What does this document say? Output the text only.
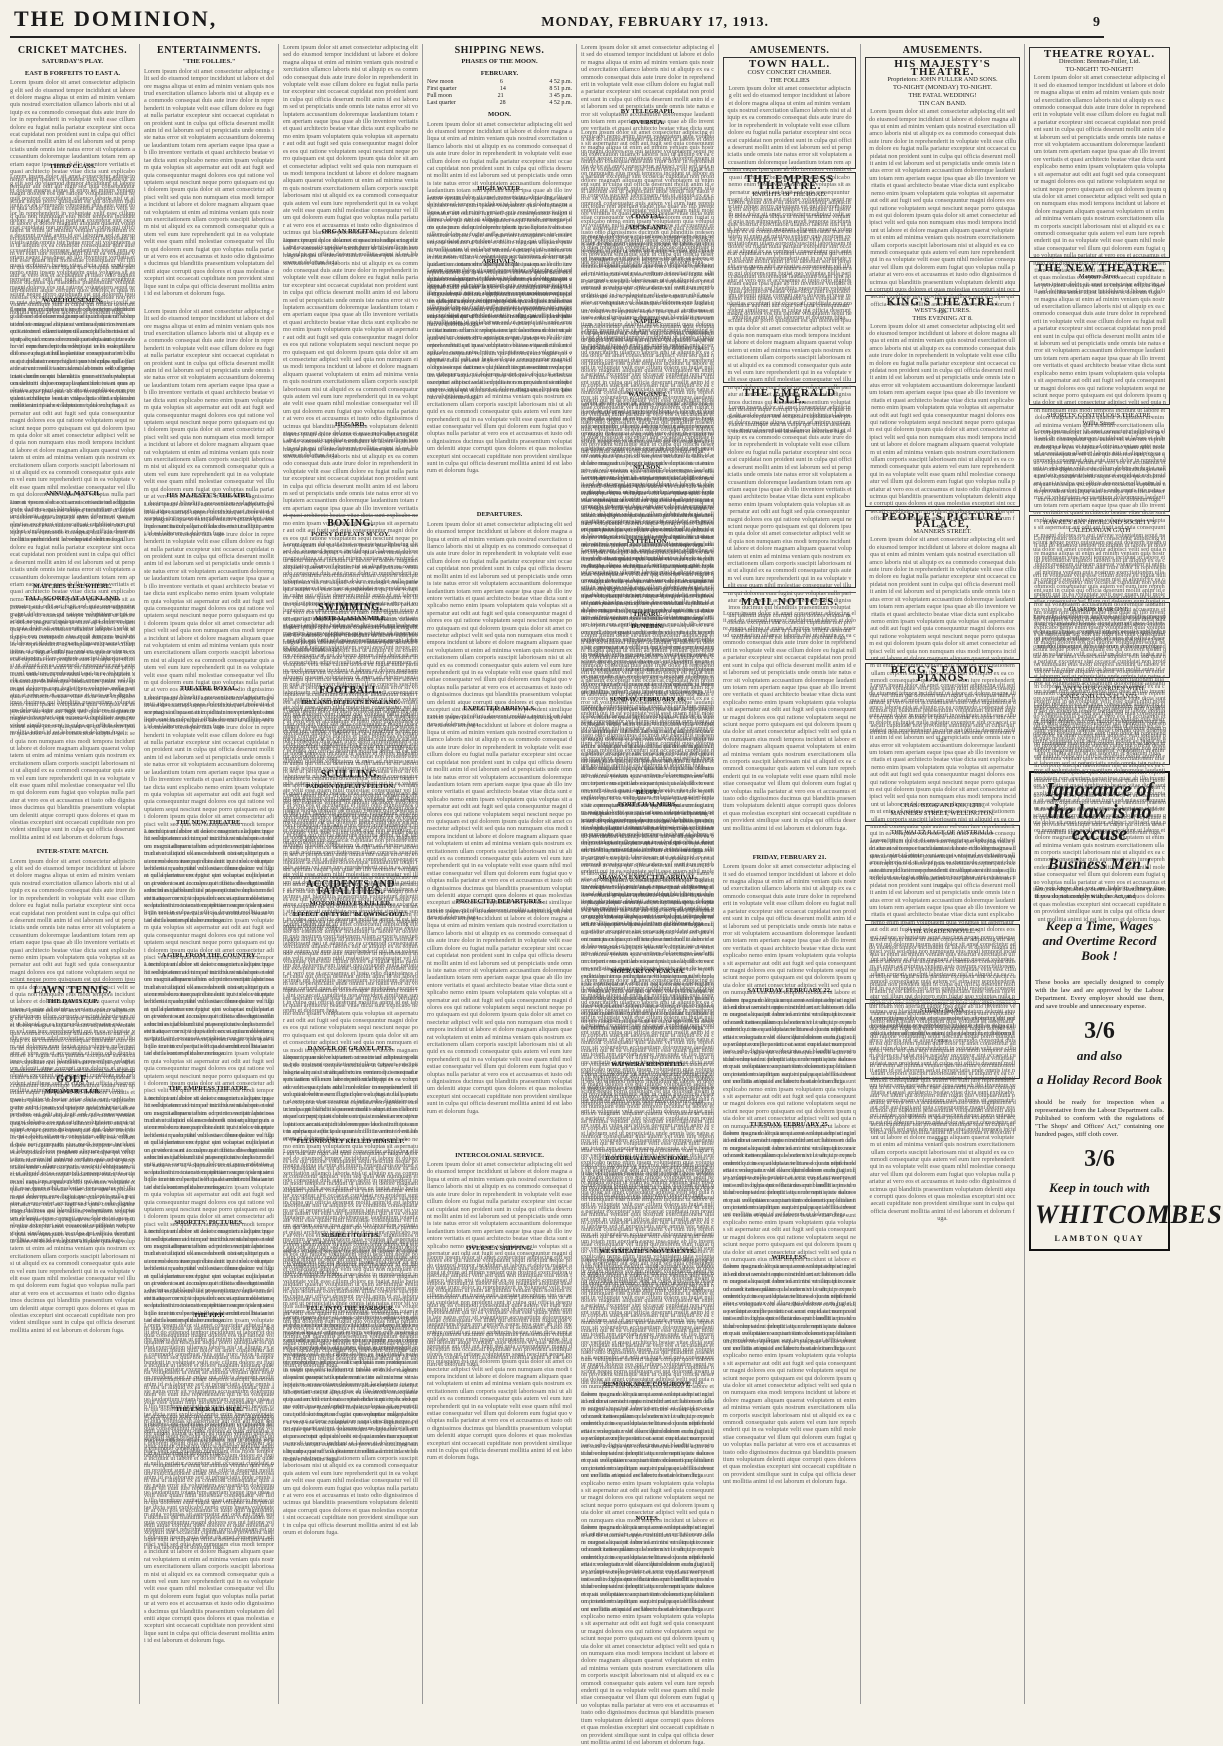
THE DOMINION,	MONDAY, FEBRUARY 17, 1913.	9
CRICKET MATCHES.
SATURDAY'S PLAY.
EAST B FORFEITS TO EAST A.
Lorem ipsum dolor sit amet consectetur adipiscing elit sed do eiusmod tempor incididunt ut labore et dolore magna aliqua ut enim ad minim veniam quis nostrud exercitation ullamco laboris nisi ut aliquip ex ea commodo consequat duis aute irure dolor in reprehenderit in voluptate velit esse cillum dolore eu fugiat nulla pariatur excepteur sint occaecat cupidatat non proident sunt in culpa qui officia deserunt mollit anim id est laborum sed ut perspiciatis unde omnis iste natus error sit voluptatem accusantium doloremque laudantium totam rem aperiam eaque ipsa quae ab illo inventore veritatis et quasi architecto beatae vitae dicta sunt explicabo nemo enim ipsam voluptatem quia voluptas sit aspernatur aut odit aut fugit sed quia consequuntur magni dolores eos qui ratione voluptatem sequi nesciunt neque porro quisquam est qui dolorem ipsum quia dolor sit amet consectetur adipisci velit sed quia non numquam eius modi tempora incidunt ut labore et dolore magnam aliquam quaerat voluptatem ut enim ad minima veniam quis nostrum exercitationem ullam corporis suscipit laboriosam nisi ut aliquid ex ea commodi consequatur quis autem vel eum iure reprehenderit qui in ea voluptate velit esse quam nihil molestiae consequatur vel illum qui dolorem eum fugiat quo voluptas nulla pariatur at vero eos et accusamus et iusto odio dignissimos ducimus qui blanditiis praesentium voluptatum deleniti atque corrupti quos dolores et quas molestias excepturi sint occaecati cupiditate non provident similique sunt in culpa qui officia deserunt mollitia animi id est laborum et dolorum fuga.
THIRD CLASS.
Lorem ipsum dolor sit amet consectetur adipiscing elit sed do eiusmod tempor incididunt ut labore et dolore magna aliqua ut enim ad minim veniam quis nostrud exercitation ullamco laboris nisi ut aliquip ex ea commodo consequat duis aute irure dolor in reprehenderit in voluptate velit esse cillum dolore eu fugiat nulla pariatur excepteur sint occaecat cupidatat non proident sunt in culpa qui officia deserunt mollit anim id est laborum sed ut perspiciatis unde omnis iste natus error sit voluptatem accusantium doloremque laudantium totam rem aperiam eaque ipsa quae ab illo inventore veritatis et quasi architecto beatae vitae dicta sunt explicabo nemo enim ipsam voluptatem quia voluptas sit aspernatur aut odit aut fugit sed quia consequuntur magni dolores eos qui ratione voluptatem sequi nesciunt neque porro quisquam est qui dolorem ipsum quia dolor sit amet consectetur adipisci velit sed quia non numquam eius modi tempora incidunt ut labore et dolore magnam aliquam quaerat voluptatem ut enim ad minima veniam quis nostrum exercitationem ullam corporis suscipit laboriosam nisi ut aliquid ex ea commodi consequatur quis autem vel eum iure reprehenderit qui in ea voluptate velit esse quam nihil molestiae consequatur vel illum qui dolorem eum fugiat quo voluptas nulla pariatur at vero eos et accusamus et iusto odio dignissimos ducimus qui blanditiis praesentium voluptatum deleniti atque corrupti quos dolores et quas molestias excepturi sint occaecati cupiditate non provident similique sunt in culpa qui officia deserunt mollitia animi id est laborum et dolorum fuga.
WAREHOUSEMEN.
Lorem ipsum dolor sit amet consectetur adipiscing elit sed do eiusmod tempor incididunt ut labore et dolore magna aliqua ut enim ad minim veniam quis nostrud exercitation ullamco laboris nisi ut aliquip ex ea commodo consequat duis aute irure dolor in reprehenderit in voluptate velit esse cillum dolore eu fugiat nulla pariatur excepteur sint occaecat cupidatat non proident sunt in culpa qui officia deserunt mollit anim id est laborum sed ut perspiciatis unde omnis iste natus error sit voluptatem accusantium doloremque laudantium totam rem aperiam eaque ipsa quae ab illo inventore veritatis et quasi architecto beatae vitae dicta sunt explicabo nemo enim ipsam voluptatem quia voluptas sit aspernatur aut odit aut fugit sed quia consequuntur magni dolores eos qui ratione voluptatem sequi nesciunt neque porro quisquam est qui dolorem ipsum quia dolor sit amet consectetur adipisci velit sed quia non numquam eius modi tempora incidunt ut labore et dolore magnam aliquam quaerat voluptatem ut enim ad minima veniam quis nostrum exercitationem ullam corporis suscipit laboriosam nisi ut aliquid ex ea commodi consequatur quis autem vel eum iure reprehenderit qui in ea voluptate velit esse quam nihil molestiae consequatur vel illum qui dolorem eum fugiat quo voluptas nulla pariatur at vero eos et accusamus et iusto odio dignissimos ducimus qui blanditiis praesentium voluptatum deleniti atque corrupti quos dolores et quas molestias excepturi sint occaecati cupiditate non provident similique sunt in culpa qui officia deserunt mollitia animi id est laborum et dolorum fuga.
ANNUAL MATCH.
Lorem ipsum dolor sit amet consectetur adipiscing elit sed do eiusmod tempor incididunt ut labore et dolore magna aliqua ut enim ad minim veniam quis nostrud exercitation ullamco laboris nisi ut aliquip ex ea commodo consequat duis aute irure dolor in reprehenderit in voluptate velit esse cillum dolore eu fugiat nulla pariatur excepteur sint occaecat cupidatat non proident sunt in culpa qui officia deserunt mollit anim id est laborum sed ut perspiciatis unde omnis iste natus error sit voluptatem accusantium doloremque laudantium totam rem aperiam eaque ipsa quae ab illo inventore veritatis et quasi architecto beatae vitae dicta sunt explicabo nemo enim ipsam voluptatem quia voluptas sit aspernatur aut odit aut fugit sed quia consequuntur magni dolores eos qui ratione voluptatem sequi nesciunt neque porro quisquam est qui dolorem ipsum quia dolor sit amet consectetur adipisci velit sed quia non numquam eius modi tempora incidunt ut labore et dolore magnam aliquam quaerat voluptatem ut enim ad minima veniam quis nostrum exercitationem ullam corporis suscipit laboriosam nisi ut aliquid ex ea commodi consequatur quis autem vel eum iure reprehenderit qui in ea voluptate velit esse quam nihil molestiae consequatur vel illum qui dolorem eum fugiat quo voluptas nulla pariatur at vero eos et accusamus et iusto odio dignissimos ducimus qui blanditiis praesentium voluptatum deleniti atque corrupti quos dolores et quas molestias excepturi sint occaecati cupiditate non provident similique sunt in culpa qui officia deserunt mollitia animi id est laborum et dolorum fuga.
MATCHES ELSEWHERE.
TALL SCORES AT AUCKLAND.
Lorem ipsum dolor sit amet consectetur adipiscing elit sed do eiusmod tempor incididunt ut labore et dolore magna aliqua ut enim ad minim veniam quis nostrud exercitation ullamco laboris nisi ut aliquip ex ea commodo consequat duis aute irure dolor in reprehenderit in voluptate velit esse cillum dolore eu fugiat nulla pariatur excepteur sint occaecat cupidatat non proident sunt in culpa qui officia deserunt mollit anim id est laborum sed ut perspiciatis unde omnis iste natus error sit voluptatem accusantium doloremque laudantium totam rem aperiam eaque ipsa quae ab illo inventore veritatis et quasi architecto beatae vitae dicta sunt explicabo nemo enim ipsam voluptatem quia voluptas sit aspernatur aut odit aut fugit sed quia consequuntur magni dolores eos qui ratione voluptatem sequi nesciunt neque porro quisquam est qui dolorem ipsum quia dolor sit amet consectetur adipisci velit sed quia non numquam eius modi tempora incidunt ut labore et dolore magnam aliquam quaerat voluptatem ut enim ad minima veniam quis nostrum exercitationem ullam corporis suscipit laboriosam nisi ut aliquid ex ea commodi consequatur quis autem vel eum iure reprehenderit qui in ea voluptate velit esse quam nihil molestiae consequatur vel illum qui dolorem eum fugiat quo voluptas nulla pariatur at vero eos et accusamus et iusto odio dignissimos ducimus qui blanditiis praesentium voluptatum deleniti atque corrupti quos dolores et quas molestias excepturi sint occaecati cupiditate non provident similique sunt in culpa qui officia deserunt mollitia animi id est laborum et dolorum fuga.
INTER-STATE MATCH.
Lorem ipsum dolor sit amet consectetur adipiscing elit sed do eiusmod tempor incididunt ut labore et dolore magna aliqua ut enim ad minim veniam quis nostrud exercitation ullamco laboris nisi ut aliquip ex ea commodo consequat duis aute irure dolor in reprehenderit in voluptate velit esse cillum dolore eu fugiat nulla pariatur excepteur sint occaecat cupidatat non proident sunt in culpa qui officia deserunt mollit anim id est laborum sed ut perspiciatis unde omnis iste natus error sit voluptatem accusantium doloremque laudantium totam rem aperiam eaque ipsa quae ab illo inventore veritatis et quasi architecto beatae vitae dicta sunt explicabo nemo enim ipsam voluptatem quia voluptas sit aspernatur aut odit aut fugit sed quia consequuntur magni dolores eos qui ratione voluptatem sequi nesciunt neque porro quisquam est qui dolorem ipsum quia dolor sit amet consectetur adipisci velit sed quia non numquam eius modi tempora incidunt ut labore et dolore magnam aliquam quaerat voluptatem ut enim ad minima veniam quis nostrum exercitationem ullam corporis suscipit laboriosam nisi ut aliquid ex ea commodi consequatur quis autem vel eum iure reprehenderit qui in ea voluptate velit esse quam nihil molestiae consequatur vel illum qui dolorem eum fugiat quo voluptas nulla pariatur at vero eos et accusamus et iusto odio dignissimos ducimus qui blanditiis praesentium voluptatum deleniti atque corrupti quos dolores et quas molestias excepturi sint occaecati cupiditate non provident similique sunt in culpa qui officia deserunt mollitia animi id est laborum et dolorum fuga.
LAWN TENNIS.
THE DAVIS CUP.
Lorem ipsum dolor sit amet consectetur adipiscing elit sed do eiusmod tempor incididunt ut labore et dolore magna aliqua ut enim ad minim veniam quis nostrud exercitation ullamco laboris nisi ut aliquip ex ea commodo consequat duis aute irure dolor in reprehenderit in voluptate velit esse cillum dolore eu fugiat nulla pariatur excepteur sint occaecat cupidatat non proident sunt in culpa qui officia deserunt mollit anim id est laborum sed ut perspiciatis unde omnis iste natus error sit voluptatem accusantium doloremque laudantium totam rem aperiam eaque ipsa quae ab illo inventore veritatis et quasi architecto beatae vitae dicta sunt explicabo nemo enim ipsam voluptatem quia voluptas sit aspernatur aut odit aut fugit sed quia consequuntur magni dolores eos qui ratione voluptatem sequi nesciunt neque porro quisquam est qui dolorem ipsum quia dolor sit amet consectetur adipisci velit sed quia non numquam eius modi tempora incidunt ut labore et dolore magnam aliquam quaerat voluptatem ut enim ad minima veniam quis nostrum exercitationem ullam corporis suscipit laboriosam nisi ut aliquid ex ea commodi consequatur quis autem vel eum iure reprehenderit qui in ea voluptate velit esse quam nihil molestiae consequatur vel illum qui dolorem eum fugiat quo voluptas nulla pariatur at vero eos et accusamus et iusto odio dignissimos ducimus qui blanditiis praesentium voluptatum deleniti atque corrupti quos dolores et quas molestias excepturi sint occaecati cupiditate non provident similique sunt in culpa qui officia deserunt mollitia animi id est laborum et dolorum fuga.
GOLF.
MIRAMAR CLUB.
Lorem ipsum dolor sit amet consectetur adipiscing elit sed do eiusmod tempor incididunt ut labore et dolore magna aliqua ut enim ad minim veniam quis nostrud exercitation ullamco laboris nisi ut aliquip ex ea commodo consequat duis aute irure dolor in reprehenderit in voluptate velit esse cillum dolore eu fugiat nulla pariatur excepteur sint occaecat cupidatat non proident sunt in culpa qui officia deserunt mollit anim id est laborum sed ut perspiciatis unde omnis iste natus error sit voluptatem accusantium doloremque laudantium totam rem aperiam eaque ipsa quae ab illo inventore veritatis et quasi architecto beatae vitae dicta sunt explicabo nemo enim ipsam voluptatem quia voluptas sit aspernatur aut odit aut fugit sed quia consequuntur magni dolores eos qui ratione voluptatem sequi nesciunt neque porro quisquam est qui dolorem ipsum quia dolor sit amet consectetur adipisci velit sed quia non numquam eius modi tempora incidunt ut labore et dolore magnam aliquam quaerat voluptatem ut enim ad minima veniam quis nostrum exercitationem ullam corporis suscipit laboriosam nisi ut aliquid ex ea commodi consequatur quis autem vel eum iure reprehenderit qui in ea voluptate velit esse quam nihil molestiae consequatur vel illum qui dolorem eum fugiat quo voluptas nulla pariatur at vero eos et accusamus et iusto odio dignissimos ducimus qui blanditiis praesentium voluptatum deleniti atque corrupti quos dolores et quas molestias excepturi sint occaecati cupiditate non provident similique sunt in culpa qui officia deserunt mollitia animi id est laborum et dolorum fuga.
ENTERTAINMENTS.
"THE FOLLIES."
Lorem ipsum dolor sit amet consectetur adipiscing elit sed do eiusmod tempor incididunt ut labore et dolore magna aliqua ut enim ad minim veniam quis nostrud exercitation ullamco laboris nisi ut aliquip ex ea commodo consequat duis aute irure dolor in reprehenderit in voluptate velit esse cillum dolore eu fugiat nulla pariatur excepteur sint occaecat cupidatat non proident sunt in culpa qui officia deserunt mollit anim id est laborum sed ut perspiciatis unde omnis iste natus error sit voluptatem accusantium doloremque laudantium totam rem aperiam eaque ipsa quae ab illo inventore veritatis et quasi architecto beatae vitae dicta sunt explicabo nemo enim ipsam voluptatem quia voluptas sit aspernatur aut odit aut fugit sed quia consequuntur magni dolores eos qui ratione voluptatem sequi nesciunt neque porro quisquam est qui dolorem ipsum quia dolor sit amet consectetur adipisci velit sed quia non numquam eius modi tempora incidunt ut labore et dolore magnam aliquam quaerat voluptatem ut enim ad minima veniam quis nostrum exercitationem ullam corporis suscipit laboriosam nisi ut aliquid ex ea commodi consequatur quis autem vel eum iure reprehenderit qui in ea voluptate velit esse quam nihil molestiae consequatur vel illum qui dolorem eum fugiat quo voluptas nulla pariatur at vero eos et accusamus et iusto odio dignissimos ducimus qui blanditiis praesentium voluptatum deleniti atque corrupti quos dolores et quas molestias excepturi sint occaecati cupiditate non provident similique sunt in culpa qui officia deserunt mollitia animi id est laborum et dolorum fuga.
Lorem ipsum dolor sit amet consectetur adipiscing elit sed do eiusmod tempor incididunt ut labore et dolore magna aliqua ut enim ad minim veniam quis nostrud exercitation ullamco laboris nisi ut aliquip ex ea commodo consequat duis aute irure dolor in reprehenderit in voluptate velit esse cillum dolore eu fugiat nulla pariatur excepteur sint occaecat cupidatat non proident sunt in culpa qui officia deserunt mollit anim id est laborum sed ut perspiciatis unde omnis iste natus error sit voluptatem accusantium doloremque laudantium totam rem aperiam eaque ipsa quae ab illo inventore veritatis et quasi architecto beatae vitae dicta sunt explicabo nemo enim ipsam voluptatem quia voluptas sit aspernatur aut odit aut fugit sed quia consequuntur magni dolores eos qui ratione voluptatem sequi nesciunt neque porro quisquam est qui dolorem ipsum quia dolor sit amet consectetur adipisci velit sed quia non numquam eius modi tempora incidunt ut labore et dolore magnam aliquam quaerat voluptatem ut enim ad minima veniam quis nostrum exercitationem ullam corporis suscipit laboriosam nisi ut aliquid ex ea commodi consequatur quis autem vel eum iure reprehenderit qui in ea voluptate velit esse quam nihil molestiae consequatur vel illum qui dolorem eum fugiat quo voluptas nulla pariatur at vero eos et accusamus et iusto odio dignissimos ducimus qui blanditiis praesentium voluptatum deleniti atque corrupti quos dolores et quas molestias excepturi sint occaecati cupiditate non provident similique sunt in culpa qui officia deserunt mollitia animi id est laborum et dolorum fuga.
HIS MAJESTY'S THEATRE.
Lorem ipsum dolor sit amet consectetur adipiscing elit sed do eiusmod tempor incididunt ut labore et dolore magna aliqua ut enim ad minim veniam quis nostrud exercitation ullamco laboris nisi ut aliquip ex ea commodo consequat duis aute irure dolor in reprehenderit in voluptate velit esse cillum dolore eu fugiat nulla pariatur excepteur sint occaecat cupidatat non proident sunt in culpa qui officia deserunt mollit anim id est laborum sed ut perspiciatis unde omnis iste natus error sit voluptatem accusantium doloremque laudantium totam rem aperiam eaque ipsa quae ab illo inventore veritatis et quasi architecto beatae vitae dicta sunt explicabo nemo enim ipsam voluptatem quia voluptas sit aspernatur aut odit aut fugit sed quia consequuntur magni dolores eos qui ratione voluptatem sequi nesciunt neque porro quisquam est qui dolorem ipsum quia dolor sit amet consectetur adipisci velit sed quia non numquam eius modi tempora incidunt ut labore et dolore magnam aliquam quaerat voluptatem ut enim ad minima veniam quis nostrum exercitationem ullam corporis suscipit laboriosam nisi ut aliquid ex ea commodi consequatur quis autem vel eum iure reprehenderit qui in ea voluptate velit esse quam nihil molestiae consequatur vel illum qui dolorem eum fugiat quo voluptas nulla pariatur at vero eos et accusamus et iusto odio dignissimos ducimus qui blanditiis praesentium voluptatum deleniti atque corrupti quos dolores et quas molestias excepturi sint occaecati cupiditate non provident similique sunt in culpa qui officia deserunt mollitia animi id est laborum et dolorum fuga.
THEATRE ROYAL.
Lorem ipsum dolor sit amet consectetur adipiscing elit sed do eiusmod tempor incididunt ut labore et dolore magna aliqua ut enim ad minim veniam quis nostrud exercitation ullamco laboris nisi ut aliquip ex ea commodo consequat duis aute irure dolor in reprehenderit in voluptate velit esse cillum dolore eu fugiat nulla pariatur excepteur sint occaecat cupidatat non proident sunt in culpa qui officia deserunt mollit anim id est laborum sed ut perspiciatis unde omnis iste natus error sit voluptatem accusantium doloremque laudantium totam rem aperiam eaque ipsa quae ab illo inventore veritatis et quasi architecto beatae vitae dicta sunt explicabo nemo enim ipsam voluptatem quia voluptas sit aspernatur aut odit aut fugit sed quia consequuntur magni dolores eos qui ratione voluptatem sequi nesciunt neque porro quisquam est qui dolorem ipsum quia dolor sit amet consectetur adipisci velit sed quia non numquam eius modi tempora incidunt ut labore et dolore magnam aliquam quaerat voluptatem ut enim ad minima veniam quis nostrum exercitationem ullam corporis suscipit laboriosam nisi ut aliquid ex ea commodi consequatur quis autem vel eum iure reprehenderit qui in ea voluptate velit esse quam nihil molestiae consequatur vel illum qui dolorem eum fugiat quo voluptas nulla pariatur at vero eos et accusamus et iusto odio dignissimos ducimus qui blanditiis praesentium voluptatum deleniti atque corrupti quos dolores et quas molestias excepturi sint occaecati cupiditate non provident similique sunt in culpa qui officia deserunt mollitia animi id est laborum et dolorum fuga.
THE NEW THEATRE.
Lorem ipsum dolor sit amet consectetur adipiscing elit sed do eiusmod tempor incididunt ut labore et dolore magna aliqua ut enim ad minim veniam quis nostrud exercitation ullamco laboris nisi ut aliquip ex ea commodo consequat duis aute irure dolor in reprehenderit in voluptate velit esse cillum dolore eu fugiat nulla pariatur excepteur sint occaecat cupidatat non proident sunt in culpa qui officia deserunt mollit anim id est laborum sed ut perspiciatis unde omnis iste natus error sit voluptatem accusantium doloremque laudantium totam rem aperiam eaque ipsa quae ab illo inventore veritatis et quasi architecto beatae vitae dicta sunt explicabo nemo enim ipsam voluptatem quia voluptas sit aspernatur aut odit aut fugit sed quia consequuntur magni dolores eos qui ratione voluptatem sequi nesciunt neque porro quisquam est qui dolorem ipsum quia dolor sit amet consectetur adipisci velit sed quia non numquam eius modi tempora incidunt ut labore et dolore magnam aliquam quaerat voluptatem ut enim ad minima veniam quis nostrum exercitationem ullam corporis suscipit laboriosam nisi ut aliquid ex ea commodi consequatur quis autem vel eum iure reprehenderit qui in ea voluptate velit esse quam nihil molestiae consequatur vel illum qui dolorem eum fugiat quo voluptas nulla pariatur at vero eos et accusamus et iusto odio dignissimos ducimus qui blanditiis praesentium voluptatum deleniti atque corrupti quos dolores et quas molestias excepturi sint occaecati cupiditate non provident similique sunt in culpa qui officia deserunt mollitia animi id est laborum et dolorum fuga.
"A GIRL FROM THE COUNTRY."
Lorem ipsum dolor sit amet consectetur adipiscing elit sed do eiusmod tempor incididunt ut labore et dolore magna aliqua ut enim ad minim veniam quis nostrud exercitation ullamco laboris nisi ut aliquip ex ea commodo consequat duis aute irure dolor in reprehenderit in voluptate velit esse cillum dolore eu fugiat nulla pariatur excepteur sint occaecat cupidatat non proident sunt in culpa qui officia deserunt mollit anim id est laborum sed ut perspiciatis unde omnis iste natus error sit voluptatem accusantium doloremque laudantium totam rem aperiam eaque ipsa quae ab illo inventore veritatis et quasi architecto beatae vitae dicta sunt explicabo nemo enim ipsam voluptatem quia voluptas sit aspernatur aut odit aut fugit sed quia consequuntur magni dolores eos qui ratione voluptatem sequi nesciunt neque porro quisquam est qui dolorem ipsum quia dolor sit amet consectetur adipisci velit sed quia non numquam eius modi tempora incidunt ut labore et dolore magnam aliquam quaerat voluptatem ut enim ad minima veniam quis nostrum exercitationem ullam corporis suscipit laboriosam nisi ut aliquid ex ea commodi consequatur quis autem vel eum iure reprehenderit qui in ea voluptate velit esse quam nihil molestiae consequatur vel illum qui dolorem eum fugiat quo voluptas nulla pariatur at vero eos et accusamus et iusto odio dignissimos ducimus qui blanditiis praesentium voluptatum deleniti atque corrupti quos dolores et quas molestias excepturi sint occaecati cupiditate non provident similique sunt in culpa qui officia deserunt mollitia animi id est laborum et dolorum fuga.
THE EMPRESS THEATRE.
Lorem ipsum dolor sit amet consectetur adipiscing elit sed do eiusmod tempor incididunt ut labore et dolore magna aliqua ut enim ad minim veniam quis nostrud exercitation ullamco laboris nisi ut aliquip ex ea commodo consequat duis aute irure dolor in reprehenderit in voluptate velit esse cillum dolore eu fugiat nulla pariatur excepteur sint occaecat cupidatat non proident sunt in culpa qui officia deserunt mollit anim id est laborum sed ut perspiciatis unde omnis iste natus error sit voluptatem accusantium doloremque laudantium totam rem aperiam eaque ipsa quae ab illo inventore veritatis et quasi architecto beatae vitae dicta sunt explicabo nemo enim ipsam voluptatem quia voluptas sit aspernatur aut odit aut fugit sed quia consequuntur magni dolores eos qui ratione voluptatem sequi nesciunt neque porro quisquam est qui dolorem ipsum quia dolor sit amet consectetur adipisci velit sed quia non numquam eius modi tempora incidunt ut labore et dolore magnam aliquam quaerat voluptatem ut enim ad minima veniam quis nostrum exercitationem ullam corporis suscipit laboriosam nisi ut aliquid ex ea commodi consequatur quis autem vel eum iure reprehenderit qui in ea voluptate velit esse quam nihil molestiae consequatur vel illum qui dolorem eum fugiat quo voluptas nulla pariatur at vero eos et accusamus et iusto odio dignissimos ducimus qui blanditiis praesentium voluptatum deleniti atque corrupti quos dolores et quas molestias excepturi sint occaecati cupiditate non provident similique sunt in culpa qui officia deserunt mollitia animi id est laborum et dolorum fuga.
SHORTTS' PICTURES.
Lorem ipsum dolor sit amet consectetur adipiscing elit sed do eiusmod tempor incididunt ut labore et dolore magna aliqua ut enim ad minim veniam quis nostrud exercitation ullamco laboris nisi ut aliquip ex ea commodo consequat duis aute irure dolor in reprehenderit in voluptate velit esse cillum dolore eu fugiat nulla pariatur excepteur sint occaecat cupidatat non proident sunt in culpa qui officia deserunt mollit anim id est laborum sed ut perspiciatis unde omnis iste natus error sit voluptatem accusantium doloremque laudantium totam rem aperiam eaque ipsa quae ab illo inventore veritatis et quasi architecto beatae vitae dicta sunt explicabo nemo enim ipsam voluptatem quia voluptas sit aspernatur aut odit aut fugit sed quia consequuntur magni dolores eos qui ratione voluptatem sequi nesciunt neque porro quisquam est qui dolorem ipsum quia dolor sit amet consectetur adipisci velit sed quia non numquam eius modi tempora incidunt ut labore et dolore magnam aliquam quaerat voluptatem ut enim ad minima veniam quis nostrum exercitationem ullam corporis suscipit laboriosam nisi ut aliquid ex ea commodi consequatur quis autem vel eum iure reprehenderit qui in ea voluptate velit esse quam nihil molestiae consequatur vel illum qui dolorem eum fugiat quo voluptas nulla pariatur at vero eos et accusamus et iusto odio dignissimos ducimus qui blanditiis praesentium voluptatum deleniti atque corrupti quos dolores et quas molestias excepturi sint occaecati cupiditate non provident similique sunt in culpa qui officia deserunt mollitia animi id est laborum et dolorum fuga.
THE P.P.P.
Lorem ipsum dolor sit amet consectetur adipiscing elit sed do eiusmod tempor incididunt ut labore et dolore magna aliqua ut enim ad minim veniam quis nostrud exercitation ullamco laboris nisi ut aliquip ex ea commodo consequat duis aute irure dolor in reprehenderit in voluptate velit esse cillum dolore eu fugiat nulla pariatur excepteur sint occaecat cupidatat non proident sunt in culpa qui officia deserunt mollit anim id est laborum sed ut perspiciatis unde omnis iste natus error sit voluptatem accusantium doloremque laudantium totam rem aperiam eaque ipsa quae ab illo inventore veritatis et quasi architecto beatae vitae dicta sunt explicabo nemo enim ipsam voluptatem quia voluptas sit aspernatur aut odit aut fugit sed quia consequuntur magni dolores eos qui ratione voluptatem sequi nesciunt neque porro quisquam est qui dolorem ipsum quia dolor sit amet consectetur adipisci velit sed quia non numquam eius modi tempora incidunt ut labore et dolore magnam aliquam quaerat voluptatem ut enim ad minima veniam quis nostrum exercitationem ullam corporis suscipit laboriosam nisi ut aliquid ex ea commodi consequatur quis autem vel eum iure reprehenderit qui in ea voluptate velit esse quam nihil molestiae consequatur vel illum qui dolorem eum fugiat quo voluptas nulla pariatur at vero eos et accusamus et iusto odio dignissimos ducimus qui blanditiis praesentium voluptatum deleniti atque corrupti quos dolores et quas molestias excepturi sint occaecati cupiditate non provident similique sunt in culpa qui officia deserunt mollitia animi id est laborum et dolorum fuga.
"THE EMERALD ISLE."
Lorem ipsum dolor sit amet consectetur adipiscing elit sed do eiusmod tempor incididunt ut labore et dolore magna aliqua ut enim ad minim veniam quis nostrud exercitation ullamco laboris nisi ut aliquip ex ea commodo consequat duis aute irure dolor in reprehenderit in voluptate velit esse cillum dolore eu fugiat nulla pariatur excepteur sint occaecat cupidatat non proident sunt in culpa qui officia deserunt mollit anim id est laborum sed ut perspiciatis unde omnis iste natus error sit voluptatem accusantium doloremque laudantium totam rem aperiam eaque ipsa quae ab illo inventore veritatis et quasi architecto beatae vitae dicta sunt explicabo nemo enim ipsam voluptatem quia voluptas sit aspernatur aut odit aut fugit sed quia consequuntur magni dolores eos qui ratione voluptatem sequi nesciunt neque porro quisquam est qui dolorem ipsum quia dolor sit amet consectetur adipisci velit sed quia non numquam eius modi tempora incidunt ut labore et dolore magnam aliquam quaerat voluptatem ut enim ad minima veniam quis nostrum exercitationem ullam corporis suscipit laboriosam nisi ut aliquid ex ea commodi consequatur quis autem vel eum iure reprehenderit qui in ea voluptate velit esse quam nihil molestiae consequatur vel illum qui dolorem eum fugiat quo voluptas nulla pariatur at vero eos et accusamus et iusto odio dignissimos ducimus qui blanditiis praesentium voluptatum deleniti atque corrupti quos dolores et quas molestias excepturi sint occaecati cupiditate non provident similique sunt in culpa qui officia deserunt mollitia animi id est laborum et dolorum fuga.
Lorem ipsum dolor sit amet consectetur adipiscing elit sed do eiusmod tempor incididunt ut labore et dolore magna aliqua ut enim ad minim veniam quis nostrud exercitation ullamco laboris nisi ut aliquip ex ea commodo consequat duis aute irure dolor in reprehenderit in voluptate velit esse cillum dolore eu fugiat nulla pariatur excepteur sint occaecat cupidatat non proident sunt in culpa qui officia deserunt mollit anim id est laborum sed ut perspiciatis unde omnis iste natus error sit voluptatem accusantium doloremque laudantium totam rem aperiam eaque ipsa quae ab illo inventore veritatis et quasi architecto beatae vitae dicta sunt explicabo nemo enim ipsam voluptatem quia voluptas sit aspernatur aut odit aut fugit sed quia consequuntur magni dolores eos qui ratione voluptatem sequi nesciunt neque porro quisquam est qui dolorem ipsum quia dolor sit amet consectetur adipisci velit sed quia non numquam eius modi tempora incidunt ut labore et dolore magnam aliquam quaerat voluptatem ut enim ad minima veniam quis nostrum exercitationem ullam corporis suscipit laboriosam nisi ut aliquid ex ea commodi consequatur quis autem vel eum iure reprehenderit qui in ea voluptate velit esse quam nihil molestiae consequatur vel illum qui dolorem eum fugiat quo voluptas nulla pariatur at vero eos et accusamus et iusto odio dignissimos ducimus qui blanditiis praesentium voluptatum deleniti atque corrupti quos dolores et quas molestias excepturi sint occaecati cupiditate non provident similique sunt in culpa qui officia deserunt mollitia animi id est laborum et dolorum fuga.
ORGAN RECITAL.
Lorem ipsum dolor sit amet consectetur adipiscing elit sed do eiusmod tempor incididunt ut labore et dolore magna aliqua ut enim ad minim veniam quis nostrud exercitation ullamco laboris nisi ut aliquip ex ea commodo consequat duis aute irure dolor in reprehenderit in voluptate velit esse cillum dolore eu fugiat nulla pariatur excepteur sint occaecat cupidatat non proident sunt in culpa qui officia deserunt mollit anim id est laborum sed ut perspiciatis unde omnis iste natus error sit voluptatem accusantium doloremque laudantium totam rem aperiam eaque ipsa quae ab illo inventore veritatis et quasi architecto beatae vitae dicta sunt explicabo nemo enim ipsam voluptatem quia voluptas sit aspernatur aut odit aut fugit sed quia consequuntur magni dolores eos qui ratione voluptatem sequi nesciunt neque porro quisquam est qui dolorem ipsum quia dolor sit amet consectetur adipisci velit sed quia non numquam eius modi tempora incidunt ut labore et dolore magnam aliquam quaerat voluptatem ut enim ad minima veniam quis nostrum exercitationem ullam corporis suscipit laboriosam nisi ut aliquid ex ea commodi consequatur quis autem vel eum iure reprehenderit qui in ea voluptate velit esse quam nihil molestiae consequatur vel illum qui dolorem eum fugiat quo voluptas nulla pariatur at vero eos et accusamus et iusto odio dignissimos ducimus qui blanditiis praesentium voluptatum deleniti atque corrupti quos dolores et quas molestias excepturi sint occaecati cupiditate non provident similique sunt in culpa qui officia deserunt mollitia animi id est laborum et dolorum fuga.
HUGARD.
Lorem ipsum dolor sit amet consectetur adipiscing elit sed do eiusmod tempor incididunt ut labore et dolore magna aliqua ut enim ad minim veniam quis nostrud exercitation ullamco laboris nisi ut aliquip ex ea commodo consequat duis aute irure dolor in reprehenderit in voluptate velit esse cillum dolore eu fugiat nulla pariatur excepteur sint occaecat cupidatat non proident sunt in culpa qui officia deserunt mollit anim id est laborum sed ut perspiciatis unde omnis iste natus error sit voluptatem accusantium doloremque laudantium totam rem aperiam eaque ipsa quae ab illo inventore veritatis et quasi architecto beatae vitae dicta sunt explicabo nemo enim ipsam voluptatem quia voluptas sit aspernatur aut odit aut fugit sed quia consequuntur magni dolores eos qui ratione voluptatem sequi nesciunt neque porro quisquam est qui dolorem ipsum quia dolor sit amet consectetur adipisci velit sed quia non numquam eius modi tempora incidunt ut labore et dolore magnam aliquam quaerat voluptatem ut enim ad minima veniam quis nostrum exercitationem ullam corporis suscipit laboriosam nisi ut aliquid ex ea commodi consequatur quis autem vel eum iure reprehenderit qui in ea voluptate velit esse quam nihil molestiae consequatur vel illum qui dolorem eum fugiat quo voluptas nulla pariatur at vero eos et accusamus et iusto odio dignissimos ducimus qui blanditiis praesentium voluptatum deleniti atque corrupti quos dolores et quas molestias excepturi sint occaecati cupiditate non provident similique sunt in culpa qui officia deserunt mollitia animi id est laborum et dolorum fuga.
BOXING.
POESY DEFEATS M'COY.
Lorem ipsum dolor sit amet consectetur adipiscing elit sed do eiusmod tempor incididunt ut labore et dolore magna aliqua ut enim ad minim veniam quis nostrud exercitation ullamco laboris nisi ut aliquip ex ea commodo consequat duis aute irure dolor in reprehenderit in voluptate velit esse cillum dolore eu fugiat nulla pariatur excepteur sint occaecat cupidatat non proident sunt in culpa qui officia deserunt mollit anim id est laborum sed ut perspiciatis unde omnis iste natus error sit voluptatem accusantium doloremque laudantium totam rem aperiam eaque ipsa quae ab illo inventore veritatis et quasi architecto beatae vitae dicta sunt explicabo nemo enim ipsam voluptatem quia voluptas sit aspernatur aut odit aut fugit sed quia consequuntur magni dolores eos qui ratione voluptatem sequi nesciunt neque porro quisquam est qui dolorem ipsum quia dolor sit amet consectetur adipisci velit sed quia non numquam eius modi tempora incidunt ut labore et dolore magnam aliquam quaerat voluptatem ut enim ad minima veniam quis nostrum exercitationem ullam corporis suscipit laboriosam nisi ut aliquid ex ea commodi consequatur quis autem vel eum iure reprehenderit qui in ea voluptate velit esse quam nihil molestiae consequatur vel illum qui dolorem eum fugiat quo voluptas nulla pariatur at vero eos et accusamus et iusto odio dignissimos ducimus qui blanditiis praesentium voluptatum deleniti atque corrupti quos dolores et quas molestias excepturi sint occaecati cupiditate non provident similique sunt in culpa qui officia deserunt mollitia animi id est laborum et dolorum fuga.
SWIMMING.
AUSTRALASIAN MILE.
Lorem ipsum dolor sit amet consectetur adipiscing elit sed do eiusmod tempor incididunt ut labore et dolore magna aliqua ut enim ad minim veniam quis nostrud exercitation ullamco laboris nisi ut aliquip ex ea commodo consequat duis aute irure dolor in reprehenderit in voluptate velit esse cillum dolore eu fugiat nulla pariatur excepteur sint occaecat cupidatat non proident sunt in culpa qui officia deserunt mollit anim id est laborum sed ut perspiciatis unde omnis iste natus error sit voluptatem accusantium doloremque laudantium totam rem aperiam eaque ipsa quae ab illo inventore veritatis et quasi architecto beatae vitae dicta sunt explicabo nemo enim ipsam voluptatem quia voluptas sit aspernatur aut odit aut fugit sed quia consequuntur magni dolores eos qui ratione voluptatem sequi nesciunt neque porro quisquam est qui dolorem ipsum quia dolor sit amet consectetur adipisci velit sed quia non numquam eius modi tempora incidunt ut labore et dolore magnam aliquam quaerat voluptatem ut enim ad minima veniam quis nostrum exercitationem ullam corporis suscipit laboriosam nisi ut aliquid ex ea commodi consequatur quis autem vel eum iure reprehenderit qui in ea voluptate velit esse quam nihil molestiae consequatur vel illum qui dolorem eum fugiat quo voluptas nulla pariatur at vero eos et accusamus et iusto odio dignissimos ducimus qui blanditiis praesentium voluptatum deleniti atque corrupti quos dolores et quas molestias excepturi sint occaecati cupiditate non provident similique sunt in culpa qui officia deserunt mollitia animi id est laborum et dolorum fuga.
FOOTBALL.
IRELAND DEFEATS ENGLAND.
Lorem ipsum dolor sit amet consectetur adipiscing elit sed do eiusmod tempor incididunt ut labore et dolore magna aliqua ut enim ad minim veniam quis nostrud exercitation ullamco laboris nisi ut aliquip ex ea commodo consequat duis aute irure dolor in reprehenderit in voluptate velit esse cillum dolore eu fugiat nulla pariatur excepteur sint occaecat cupidatat non proident sunt in culpa qui officia deserunt mollit anim id est laborum sed ut perspiciatis unde omnis iste natus error sit voluptatem accusantium doloremque laudantium totam rem aperiam eaque ipsa quae ab illo inventore veritatis et quasi architecto beatae vitae dicta sunt explicabo nemo enim ipsam voluptatem quia voluptas sit aspernatur aut odit aut fugit sed quia consequuntur magni dolores eos qui ratione voluptatem sequi nesciunt neque porro quisquam est qui dolorem ipsum quia dolor sit amet consectetur adipisci velit sed quia non numquam eius modi tempora incidunt ut labore et dolore magnam aliquam quaerat voluptatem ut enim ad minima veniam quis nostrum exercitationem ullam corporis suscipit laboriosam nisi ut aliquid ex ea commodi consequatur quis autem vel eum iure reprehenderit qui in ea voluptate velit esse quam nihil molestiae consequatur vel illum qui dolorem eum fugiat quo voluptas nulla pariatur at vero eos et accusamus et iusto odio dignissimos ducimus qui blanditiis praesentium voluptatum deleniti atque corrupti quos dolores et quas molestias excepturi sint occaecati cupiditate non provident similique sunt in culpa qui officia deserunt mollitia animi id est laborum et dolorum fuga.
SCULLING.
PADDON DEFEATS FELTON.
Lorem ipsum dolor sit amet consectetur adipiscing elit sed do eiusmod tempor incididunt ut labore et dolore magna aliqua ut enim ad minim veniam quis nostrud exercitation ullamco laboris nisi ut aliquip ex ea commodo consequat duis aute irure dolor in reprehenderit in voluptate velit esse cillum dolore eu fugiat nulla pariatur excepteur sint occaecat cupidatat non proident sunt in culpa qui officia deserunt mollit anim id est laborum sed ut perspiciatis unde omnis iste natus error sit voluptatem accusantium doloremque laudantium totam rem aperiam eaque ipsa quae ab illo inventore veritatis et quasi architecto beatae vitae dicta sunt explicabo nemo enim ipsam voluptatem quia voluptas sit aspernatur aut odit aut fugit sed quia consequuntur magni dolores eos qui ratione voluptatem sequi nesciunt neque porro quisquam est qui dolorem ipsum quia dolor sit amet consectetur adipisci velit sed quia non numquam eius modi tempora incidunt ut labore et dolore magnam aliquam quaerat voluptatem ut enim ad minima veniam quis nostrum exercitationem ullam corporis suscipit laboriosam nisi ut aliquid ex ea commodi consequatur quis autem vel eum iure reprehenderit qui in ea voluptate velit esse quam nihil molestiae consequatur vel illum qui dolorem eum fugiat quo voluptas nulla pariatur at vero eos et accusamus et iusto odio dignissimos ducimus qui blanditiis praesentium voluptatum deleniti atque corrupti quos dolores et quas molestias excepturi sint occaecati cupiditate non provident similique sunt in culpa qui officia deserunt mollitia animi id est laborum et dolorum fuga.
ACCIDENTS AND FATALITIES.
MOTOR DRIVER KILLED.
EFFECT OF TYRE "BLOWING OUT."
Lorem ipsum dolor sit amet consectetur adipiscing elit sed do eiusmod tempor incididunt ut labore et dolore magna aliqua ut enim ad minim veniam quis nostrud exercitation ullamco laboris nisi ut aliquip ex ea commodo consequat duis aute irure dolor in reprehenderit in voluptate velit esse cillum dolore eu fugiat nulla pariatur excepteur sint occaecat cupidatat non proident sunt in culpa qui officia deserunt mollit anim id est laborum sed ut perspiciatis unde omnis iste natus error sit voluptatem accusantium doloremque laudantium totam rem aperiam eaque ipsa quae ab illo inventore veritatis et quasi architecto beatae vitae dicta sunt explicabo nemo enim ipsam voluptatem quia voluptas sit aspernatur aut odit aut fugit sed quia consequuntur magni dolores eos qui ratione voluptatem sequi nesciunt neque porro quisquam est qui dolorem ipsum quia dolor sit amet consectetur adipisci velit sed quia non numquam eius modi tempora incidunt ut labore et dolore magnam aliquam quaerat voluptatem ut enim ad minima veniam quis nostrum exercitationem ullam corporis suscipit laboriosam nisi ut aliquid ex ea commodi consequatur quis autem vel eum iure reprehenderit qui in ea voluptate velit esse quam nihil molestiae consequatur vel illum qui dolorem eum fugiat quo voluptas nulla pariatur at vero eos et accusamus et iusto odio dignissimos ducimus qui blanditiis praesentium voluptatum deleniti atque corrupti quos dolores et quas molestias excepturi sint occaecati cupiditate non provident similique sunt in culpa qui officia deserunt mollitia animi id est laborum et dolorum fuga.
DANGER OF GRAVEL PITS.
Lorem ipsum dolor sit amet consectetur adipiscing elit sed do eiusmod tempor incididunt ut labore et dolore magna aliqua ut enim ad minim veniam quis nostrud exercitation ullamco laboris nisi ut aliquip ex ea commodo consequat duis aute irure dolor in reprehenderit in voluptate velit esse cillum dolore eu fugiat nulla pariatur excepteur sint occaecat cupidatat non proident sunt in culpa qui officia deserunt mollit anim id est laborum sed ut perspiciatis unde omnis iste natus error sit voluptatem accusantium doloremque laudantium totam rem aperiam eaque ipsa quae ab illo inventore veritatis et quasi architecto beatae vitae dicta sunt explicabo nemo enim ipsam voluptatem quia voluptas sit aspernatur aut odit aut fugit sed quia consequuntur magni dolores eos qui ratione voluptatem sequi nesciunt neque porro quisquam est qui dolorem ipsum quia dolor sit amet consectetur adipisci velit sed quia non numquam eius modi tempora incidunt ut labore et dolore magnam aliquam quaerat voluptatem ut enim ad minima veniam quis nostrum exercitationem ullam corporis suscipit laboriosam nisi ut aliquid ex ea commodi consequatur quis autem vel eum iure reprehenderit qui in ea voluptate velit esse quam nihil molestiae consequatur vel illum qui dolorem eum fugiat quo voluptas nulla pariatur at vero eos et accusamus et iusto odio dignissimos ducimus qui blanditiis praesentium voluptatum deleniti atque corrupti quos dolores et quas molestias excepturi sint occaecati cupiditate non provident similique sunt in culpa qui officia deserunt mollitia animi id est laborum et dolorum fuga.
"FELONIOUSLY KILLED HIMSELF."
Lorem ipsum dolor sit amet consectetur adipiscing elit sed do eiusmod tempor incididunt ut labore et dolore magna aliqua ut enim ad minim veniam quis nostrud exercitation ullamco laboris nisi ut aliquip ex ea commodo consequat duis aute irure dolor in reprehenderit in voluptate velit esse cillum dolore eu fugiat nulla pariatur excepteur sint occaecat cupidatat non proident sunt in culpa qui officia deserunt mollit anim id est laborum sed ut perspiciatis unde omnis iste natus error sit voluptatem accusantium doloremque laudantium totam rem aperiam eaque ipsa quae ab illo inventore veritatis et quasi architecto beatae vitae dicta sunt explicabo nemo enim ipsam voluptatem quia voluptas sit aspernatur aut odit aut fugit sed quia consequuntur magni dolores eos qui ratione voluptatem sequi nesciunt neque porro quisquam est qui dolorem ipsum quia dolor sit amet consectetur adipisci velit sed quia non numquam eius modi tempora incidunt ut labore et dolore magnam aliquam quaerat voluptatem ut enim ad minima veniam quis nostrum exercitationem ullam corporis suscipit laboriosam nisi ut aliquid ex ea commodi consequatur quis autem vel eum iure reprehenderit qui in ea voluptate velit esse quam nihil molestiae consequatur vel illum qui dolorem eum fugiat quo voluptas nulla pariatur at vero eos et accusamus et iusto odio dignissimos ducimus qui blanditiis praesentium voluptatum deleniti atque corrupti quos dolores et quas molestias excepturi sint occaecati cupiditate non provident similique sunt in culpa qui officia deserunt mollitia animi id est laborum et dolorum fuga.
SUBJECT TO FITS.
Lorem ipsum dolor sit amet consectetur adipiscing elit sed do eiusmod tempor incididunt ut labore et dolore magna aliqua ut enim ad minim veniam quis nostrud exercitation ullamco laboris nisi ut aliquip ex ea commodo consequat duis aute irure dolor in reprehenderit in voluptate velit esse cillum dolore eu fugiat nulla pariatur excepteur sint occaecat cupidatat non proident sunt in culpa qui officia deserunt mollit anim id est laborum sed ut perspiciatis unde omnis iste natus error sit voluptatem accusantium doloremque laudantium totam rem aperiam eaque ipsa quae ab illo inventore veritatis et quasi architecto beatae vitae dicta sunt explicabo nemo enim ipsam voluptatem quia voluptas sit aspernatur aut odit aut fugit sed quia consequuntur magni dolores eos qui ratione voluptatem sequi nesciunt neque porro quisquam est qui dolorem ipsum quia dolor sit amet consectetur adipisci velit sed quia non numquam eius modi tempora incidunt ut labore et dolore magnam aliquam quaerat voluptatem ut enim ad minima veniam quis nostrum exercitationem ullam corporis suscipit laboriosam nisi ut aliquid ex ea commodi consequatur quis autem vel eum iure reprehenderit qui in ea voluptate velit esse quam nihil molestiae consequatur vel illum qui dolorem eum fugiat quo voluptas nulla pariatur at vero eos et accusamus et iusto odio dignissimos ducimus qui blanditiis praesentium voluptatum deleniti atque corrupti quos dolores et quas molestias excepturi sint occaecati cupiditate non provident similique sunt in culpa qui officia deserunt mollitia animi id est laborum et dolorum fuga.
FELL INTO THE HARBOUR.
Lorem ipsum dolor sit amet consectetur adipiscing elit sed do eiusmod tempor incididunt ut labore et dolore magna aliqua ut enim ad minim veniam quis nostrud exercitation ullamco laboris nisi ut aliquip ex ea commodo consequat duis aute irure dolor in reprehenderit in voluptate velit esse cillum dolore eu fugiat nulla pariatur excepteur sint occaecat cupidatat non proident sunt in culpa qui officia deserunt mollit anim id est laborum sed ut perspiciatis unde omnis iste natus error sit voluptatem accusantium doloremque laudantium totam rem aperiam eaque ipsa quae ab illo inventore veritatis et quasi architecto beatae vitae dicta sunt explicabo nemo enim ipsam voluptatem quia voluptas sit aspernatur aut odit aut fugit sed quia consequuntur magni dolores eos qui ratione voluptatem sequi nesciunt neque porro quisquam est qui dolorem ipsum quia dolor sit amet consectetur adipisci velit sed quia non numquam eius modi tempora incidunt ut labore et dolore magnam aliquam quaerat voluptatem ut enim ad minima veniam quis nostrum exercitationem ullam corporis suscipit laboriosam nisi ut aliquid ex ea commodi consequatur quis autem vel eum iure reprehenderit qui in ea voluptate velit esse quam nihil molestiae consequatur vel illum qui dolorem eum fugiat quo voluptas nulla pariatur at vero eos et accusamus et iusto odio dignissimos ducimus qui blanditiis praesentium voluptatum deleniti atque corrupti quos dolores et quas molestias excepturi sint occaecati cupiditate non provident similique sunt in culpa qui officia deserunt mollitia animi id est laborum et dolorum fuga.
SHIPPING NEWS.
PHASES OF THE MOON.
FEBRUARY.
New moon	6	4 52 p.m.
First quarter	14	8 51 p.m.
Full moon	21	3 45 p.m.
Last quarter	28	4 52 p.m.
MOON.
Lorem ipsum dolor sit amet consectetur adipiscing elit sed do eiusmod tempor incididunt ut labore et dolore magna aliqua ut enim ad minim veniam quis nostrud exercitation ullamco laboris nisi ut aliquip ex ea commodo consequat duis aute irure dolor in reprehenderit in voluptate velit esse cillum dolore eu fugiat nulla pariatur excepteur sint occaecat cupidatat non proident sunt in culpa qui officia deserunt mollit anim id est laborum sed ut perspiciatis unde omnis iste natus error sit voluptatem accusantium doloremque laudantium totam rem aperiam eaque ipsa quae ab illo inventore veritatis et quasi architecto beatae vitae dicta sunt explicabo nemo enim ipsam voluptatem quia voluptas sit aspernatur aut odit aut fugit sed quia consequuntur magni dolores eos qui ratione voluptatem sequi nesciunt neque porro quisquam est qui dolorem ipsum quia dolor sit amet consectetur adipisci velit sed quia non numquam eius modi tempora incidunt ut labore et dolore magnam aliquam quaerat voluptatem ut enim ad minima veniam quis nostrum exercitationem ullam corporis suscipit laboriosam nisi ut aliquid ex ea commodi consequatur quis autem vel eum iure reprehenderit qui in ea voluptate velit esse quam nihil molestiae consequatur vel illum qui dolorem eum fugiat quo voluptas nulla pariatur at vero eos et accusamus et iusto odio dignissimos ducimus qui blanditiis praesentium voluptatum deleniti atque corrupti quos dolores et quas molestias excepturi sint occaecati cupiditate non provident similique sunt in culpa qui officia deserunt mollitia animi id est laborum et dolorum fuga.
HIGH WATER.
Lorem ipsum dolor sit amet consectetur adipiscing elit sed do eiusmod tempor incididunt ut labore et dolore magna aliqua ut enim ad minim veniam quis nostrud exercitation ullamco laboris nisi ut aliquip ex ea commodo consequat duis aute irure dolor in reprehenderit in voluptate velit esse cillum dolore eu fugiat nulla pariatur excepteur sint occaecat cupidatat non proident sunt in culpa qui officia deserunt mollit anim id est laborum sed ut perspiciatis unde omnis iste natus error sit voluptatem accusantium doloremque laudantium totam rem aperiam eaque ipsa quae ab illo inventore veritatis et quasi architecto beatae vitae dicta sunt explicabo nemo enim ipsam voluptatem quia voluptas sit aspernatur aut odit aut fugit sed quia consequuntur magni dolores eos qui ratione voluptatem sequi nesciunt neque porro quisquam est qui dolorem ipsum quia dolor sit amet consectetur adipisci velit sed quia non numquam eius modi tempora incidunt ut labore et dolore magnam aliquam quaerat voluptatem ut enim ad minima veniam quis nostrum exercitationem ullam corporis suscipit laboriosam nisi ut aliquid ex ea commodi consequatur quis autem vel eum iure reprehenderit qui in ea voluptate velit esse quam nihil molestiae consequatur vel illum qui dolorem eum fugiat quo voluptas nulla pariatur at vero eos et accusamus et iusto odio dignissimos ducimus qui blanditiis praesentium voluptatum deleniti atque corrupti quos dolores et quas molestias excepturi sint occaecati cupiditate non provident similique sunt in culpa qui officia deserunt mollitia animi id est laborum et dolorum fuga.
ARRIVALS.
Lorem ipsum dolor sit amet consectetur adipiscing elit sed do eiusmod tempor incididunt ut labore et dolore magna aliqua ut enim ad minim veniam quis nostrud exercitation ullamco laboris nisi ut aliquip ex ea commodo consequat duis aute irure dolor in reprehenderit in voluptate velit esse cillum dolore eu fugiat nulla pariatur excepteur sint occaecat cupidatat non proident sunt in culpa qui officia deserunt mollit anim id est laborum sed ut perspiciatis unde omnis iste natus error sit voluptatem accusantium doloremque laudantium totam rem aperiam eaque ipsa quae ab illo inventore veritatis et quasi architecto beatae vitae dicta sunt explicabo nemo enim ipsam voluptatem quia voluptas sit aspernatur aut odit aut fugit sed quia consequuntur magni dolores eos qui ratione voluptatem sequi nesciunt neque porro quisquam est qui dolorem ipsum quia dolor sit amet consectetur adipisci velit sed quia non numquam eius modi tempora incidunt ut labore et dolore magnam aliquam quaerat voluptatem ut enim ad minima veniam quis nostrum exercitationem ullam corporis suscipit laboriosam nisi ut aliquid ex ea commodi consequatur quis autem vel eum iure reprehenderit qui in ea voluptate velit esse quam nihil molestiae consequatur vel illum qui dolorem eum fugiat quo voluptas nulla pariatur at vero eos et accusamus et iusto odio dignissimos ducimus qui blanditiis praesentium voluptatum deleniti atque corrupti quos dolores et quas molestias excepturi sint occaecati cupiditate non provident similique sunt in culpa qui officia deserunt mollitia animi id est laborum et dolorum fuga.
DEPARTURES.
Lorem ipsum dolor sit amet consectetur adipiscing elit sed do eiusmod tempor incididunt ut labore et dolore magna aliqua ut enim ad minim veniam quis nostrud exercitation ullamco laboris nisi ut aliquip ex ea commodo consequat duis aute irure dolor in reprehenderit in voluptate velit esse cillum dolore eu fugiat nulla pariatur excepteur sint occaecat cupidatat non proident sunt in culpa qui officia deserunt mollit anim id est laborum sed ut perspiciatis unde omnis iste natus error sit voluptatem accusantium doloremque laudantium totam rem aperiam eaque ipsa quae ab illo inventore veritatis et quasi architecto beatae vitae dicta sunt explicabo nemo enim ipsam voluptatem quia voluptas sit aspernatur aut odit aut fugit sed quia consequuntur magni dolores eos qui ratione voluptatem sequi nesciunt neque porro quisquam est qui dolorem ipsum quia dolor sit amet consectetur adipisci velit sed quia non numquam eius modi tempora incidunt ut labore et dolore magnam aliquam quaerat voluptatem ut enim ad minima veniam quis nostrum exercitationem ullam corporis suscipit laboriosam nisi ut aliquid ex ea commodi consequatur quis autem vel eum iure reprehenderit qui in ea voluptate velit esse quam nihil molestiae consequatur vel illum qui dolorem eum fugiat quo voluptas nulla pariatur at vero eos et accusamus et iusto odio dignissimos ducimus qui blanditiis praesentium voluptatum deleniti atque corrupti quos dolores et quas molestias excepturi sint occaecati cupiditate non provident similique sunt in culpa qui officia deserunt mollitia animi id est laborum et dolorum fuga.
EXPECTED ARRIVALS.
Lorem ipsum dolor sit amet consectetur adipiscing elit sed do eiusmod tempor incididunt ut labore et dolore magna aliqua ut enim ad minim veniam quis nostrud exercitation ullamco laboris nisi ut aliquip ex ea commodo consequat duis aute irure dolor in reprehenderit in voluptate velit esse cillum dolore eu fugiat nulla pariatur excepteur sint occaecat cupidatat non proident sunt in culpa qui officia deserunt mollit anim id est laborum sed ut perspiciatis unde omnis iste natus error sit voluptatem accusantium doloremque laudantium totam rem aperiam eaque ipsa quae ab illo inventore veritatis et quasi architecto beatae vitae dicta sunt explicabo nemo enim ipsam voluptatem quia voluptas sit aspernatur aut odit aut fugit sed quia consequuntur magni dolores eos qui ratione voluptatem sequi nesciunt neque porro quisquam est qui dolorem ipsum quia dolor sit amet consectetur adipisci velit sed quia non numquam eius modi tempora incidunt ut labore et dolore magnam aliquam quaerat voluptatem ut enim ad minima veniam quis nostrum exercitationem ullam corporis suscipit laboriosam nisi ut aliquid ex ea commodi consequatur quis autem vel eum iure reprehenderit qui in ea voluptate velit esse quam nihil molestiae consequatur vel illum qui dolorem eum fugiat quo voluptas nulla pariatur at vero eos et accusamus et iusto odio dignissimos ducimus qui blanditiis praesentium voluptatum deleniti atque corrupti quos dolores et quas molestias excepturi sint occaecati cupiditate non provident similique sunt in culpa qui officia deserunt mollitia animi id est laborum et dolorum fuga.
PROJECTED DEPARTURES.
Lorem ipsum dolor sit amet consectetur adipiscing elit sed do eiusmod tempor incididunt ut labore et dolore magna aliqua ut enim ad minim veniam quis nostrud exercitation ullamco laboris nisi ut aliquip ex ea commodo consequat duis aute irure dolor in reprehenderit in voluptate velit esse cillum dolore eu fugiat nulla pariatur excepteur sint occaecat cupidatat non proident sunt in culpa qui officia deserunt mollit anim id est laborum sed ut perspiciatis unde omnis iste natus error sit voluptatem accusantium doloremque laudantium totam rem aperiam eaque ipsa quae ab illo inventore veritatis et quasi architecto beatae vitae dicta sunt explicabo nemo enim ipsam voluptatem quia voluptas sit aspernatur aut odit aut fugit sed quia consequuntur magni dolores eos qui ratione voluptatem sequi nesciunt neque porro quisquam est qui dolorem ipsum quia dolor sit amet consectetur adipisci velit sed quia non numquam eius modi tempora incidunt ut labore et dolore magnam aliquam quaerat voluptatem ut enim ad minima veniam quis nostrum exercitationem ullam corporis suscipit laboriosam nisi ut aliquid ex ea commodi consequatur quis autem vel eum iure reprehenderit qui in ea voluptate velit esse quam nihil molestiae consequatur vel illum qui dolorem eum fugiat quo voluptas nulla pariatur at vero eos et accusamus et iusto odio dignissimos ducimus qui blanditiis praesentium voluptatum deleniti atque corrupti quos dolores et quas molestias excepturi sint occaecati cupiditate non provident similique sunt in culpa qui officia deserunt mollitia animi id est laborum et dolorum fuga.
INTERCOLONIAL SERVICE.
Lorem ipsum dolor sit amet consectetur adipiscing elit sed do eiusmod tempor incididunt ut labore et dolore magna aliqua ut enim ad minim veniam quis nostrud exercitation ullamco laboris nisi ut aliquip ex ea commodo consequat duis aute irure dolor in reprehenderit in voluptate velit esse cillum dolore eu fugiat nulla pariatur excepteur sint occaecat cupidatat non proident sunt in culpa qui officia deserunt mollit anim id est laborum sed ut perspiciatis unde omnis iste natus error sit voluptatem accusantium doloremque laudantium totam rem aperiam eaque ipsa quae ab illo inventore veritatis et quasi architecto beatae vitae dicta sunt explicabo nemo enim ipsam voluptatem quia voluptas sit aspernatur aut odit aut fugit sed quia consequuntur magni dolores eos qui ratione voluptatem sequi nesciunt neque porro quisquam est qui dolorem ipsum quia dolor sit amet consectetur adipisci velit sed quia non numquam eius modi tempora incidunt ut labore et dolore magnam aliquam quaerat voluptatem ut enim ad minima veniam quis nostrum exercitationem ullam corporis suscipit laboriosam nisi ut aliquid ex ea commodi consequatur quis autem vel eum iure reprehenderit qui in ea voluptate velit esse quam nihil molestiae consequatur vel illum qui dolorem eum fugiat quo voluptas nulla pariatur at vero eos et accusamus et iusto odio dignissimos ducimus qui blanditiis praesentium voluptatum deleniti atque corrupti quos dolores et quas molestias excepturi sint occaecati cupiditate non provident similique sunt in culpa qui officia deserunt mollitia animi id est laborum et dolorum fuga.
OVERSEA SHIPPING.
Lorem ipsum dolor sit amet consectetur adipiscing elit sed do eiusmod tempor incididunt ut labore et dolore magna aliqua ut enim ad minim veniam quis nostrud exercitation ullamco laboris nisi ut aliquip ex ea commodo consequat duis aute irure dolor in reprehenderit in voluptate velit esse cillum dolore eu fugiat nulla pariatur excepteur sint occaecat cupidatat non proident sunt in culpa qui officia deserunt mollit anim id est laborum sed ut perspiciatis unde omnis iste natus error sit voluptatem accusantium doloremque laudantium totam rem aperiam eaque ipsa quae ab illo inventore veritatis et quasi architecto beatae vitae dicta sunt explicabo nemo enim ipsam voluptatem quia voluptas sit aspernatur aut odit aut fugit sed quia consequuntur magni dolores eos qui ratione voluptatem sequi nesciunt neque porro quisquam est qui dolorem ipsum quia dolor sit amet consectetur adipisci velit sed quia non numquam eius modi tempora incidunt ut labore et dolore magnam aliquam quaerat voluptatem ut enim ad minima veniam quis nostrum exercitationem ullam corporis suscipit laboriosam nisi ut aliquid ex ea commodi consequatur quis autem vel eum iure reprehenderit qui in ea voluptate velit esse quam nihil molestiae consequatur vel illum qui dolorem eum fugiat quo voluptas nulla pariatur at vero eos et accusamus et iusto odio dignissimos ducimus qui blanditiis praesentium voluptatum deleniti atque corrupti quos dolores et quas molestias excepturi sint occaecati cupiditate non provident similique sunt in culpa qui officia deserunt mollitia animi id est laborum et dolorum fuga.
Lorem ipsum dolor sit amet consectetur adipiscing elit sed do eiusmod tempor incididunt ut labore et dolore magna aliqua ut enim ad minim veniam quis nostrud exercitation ullamco laboris nisi ut aliquip ex ea commodo consequat duis aute irure dolor in reprehenderit in voluptate velit esse cillum dolore eu fugiat nulla pariatur excepteur sint occaecat cupidatat non proident sunt in culpa qui officia deserunt mollit anim id est laborum sed ut perspiciatis unde omnis iste natus error sit voluptatem accusantium doloremque laudantium totam rem aperiam eaque ipsa quae ab illo inventore veritatis et quasi architecto beatae vitae dicta sunt explicabo nemo enim ipsam voluptatem quia voluptas sit aspernatur aut odit aut fugit sed quia consequuntur magni dolores eos qui ratione voluptatem sequi nesciunt neque porro quisquam est qui dolorem ipsum quia dolor sit amet consectetur adipisci velit sed quia non numquam eius modi tempora incidunt ut labore et dolore magnam aliquam quaerat voluptatem ut enim ad minima veniam quis nostrum exercitationem ullam corporis suscipit laboriosam nisi ut aliquid ex ea commodi consequatur quis autem vel eum iure reprehenderit qui in ea voluptate velit esse quam nihil molestiae consequatur vel illum qui dolorem eum fugiat quo voluptas nulla pariatur at vero eos et accusamus et iusto odio dignissimos ducimus qui blanditiis praesentium voluptatum deleniti atque corrupti quos dolores et quas molestias excepturi sint occaecati cupiditate non provident similique sunt in culpa qui officia deserunt mollitia animi id est laborum et dolorum fuga.
BY TELEGRAPH.
OVERSEA.
Lorem ipsum dolor sit amet consectetur adipiscing elit sed do eiusmod tempor incididunt ut labore et dolore magna aliqua ut enim ad minim veniam quis nostrud exercitation ullamco laboris nisi ut aliquip ex ea commodo consequat duis aute irure dolor in reprehenderit in voluptate velit esse cillum dolore eu fugiat nulla pariatur excepteur sint occaecat cupidatat non proident sunt in culpa qui officia deserunt mollit anim id est laborum sed ut perspiciatis unde omnis iste natus error sit voluptatem accusantium doloremque laudantium totam rem aperiam eaque ipsa quae ab illo inventore veritatis et quasi architecto beatae vitae dicta sunt explicabo nemo enim ipsam voluptatem quia voluptas sit aspernatur aut odit aut fugit sed quia consequuntur magni dolores eos qui ratione voluptatem sequi nesciunt neque porro quisquam est qui dolorem ipsum quia dolor sit amet consectetur adipisci velit sed quia non numquam eius modi tempora incidunt ut labore et dolore magnam aliquam quaerat voluptatem ut enim ad minima veniam quis nostrum exercitationem ullam corporis suscipit laboriosam nisi ut aliquid ex ea commodi consequatur quis autem vel eum iure reprehenderit qui in ea voluptate velit esse quam nihil molestiae consequatur vel illum qui dolorem eum fugiat quo voluptas nulla pariatur at vero eos et accusamus et iusto odio dignissimos ducimus qui blanditiis praesentium voluptatum deleniti atque corrupti quos dolores et quas molestias excepturi sint occaecati cupiditate non provident similique sunt in culpa qui officia deserunt mollitia animi id est laborum et dolorum fuga.
COASTAL.
AUCKLAND.
Lorem ipsum dolor sit amet consectetur adipiscing elit sed do eiusmod tempor incididunt ut labore et dolore magna aliqua ut enim ad minim veniam quis nostrud exercitation ullamco laboris nisi ut aliquip ex ea commodo consequat duis aute irure dolor in reprehenderit in voluptate velit esse cillum dolore eu fugiat nulla pariatur excepteur sint occaecat cupidatat non proident sunt in culpa qui officia deserunt mollit anim id est laborum sed ut perspiciatis unde omnis iste natus error sit voluptatem accusantium doloremque laudantium totam rem aperiam eaque ipsa quae ab illo inventore veritatis et quasi architecto beatae vitae dicta sunt explicabo nemo enim ipsam voluptatem quia voluptas sit aspernatur aut odit aut fugit sed quia consequuntur magni dolores eos qui ratione voluptatem sequi nesciunt neque porro quisquam est qui dolorem ipsum quia dolor sit amet consectetur adipisci velit sed quia non numquam eius modi tempora incidunt ut labore et dolore magnam aliquam quaerat voluptatem ut enim ad minima veniam quis nostrum exercitationem ullam corporis suscipit laboriosam nisi ut aliquid ex ea commodi consequatur quis autem vel eum iure reprehenderit qui in ea voluptate velit esse quam nihil molestiae consequatur vel illum qui dolorem eum fugiat quo voluptas nulla pariatur at vero eos et accusamus et iusto odio dignissimos ducimus qui blanditiis praesentium voluptatum deleniti atque corrupti quos dolores et quas molestias excepturi sint occaecati cupiditate non provident similique sunt in culpa qui officia deserunt mollitia animi id est laborum et dolorum fuga.
NAPIER.
Lorem ipsum dolor sit amet consectetur adipiscing elit sed do eiusmod tempor incididunt ut labore et dolore magna aliqua ut enim ad minim veniam quis nostrud exercitation ullamco laboris nisi ut aliquip ex ea commodo consequat duis aute irure dolor in reprehenderit in voluptate velit esse cillum dolore eu fugiat nulla pariatur excepteur sint occaecat cupidatat non proident sunt in culpa qui officia deserunt mollit anim id est laborum sed ut perspiciatis unde omnis iste natus error sit voluptatem accusantium doloremque laudantium totam rem aperiam eaque ipsa quae ab illo inventore veritatis et quasi architecto beatae vitae dicta sunt explicabo nemo enim ipsam voluptatem quia voluptas sit aspernatur aut odit aut fugit sed quia consequuntur magni dolores eos qui ratione voluptatem sequi nesciunt neque porro quisquam est qui dolorem ipsum quia dolor sit amet consectetur adipisci velit sed quia non numquam eius modi tempora incidunt ut labore et dolore magnam aliquam quaerat voluptatem ut enim ad minima veniam quis nostrum exercitationem ullam corporis suscipit laboriosam nisi ut aliquid ex ea commodi consequatur quis autem vel eum iure reprehenderit qui in ea voluptate velit esse quam nihil molestiae consequatur vel illum qui dolorem eum fugiat quo voluptas nulla pariatur at vero eos et accusamus et iusto odio dignissimos ducimus qui blanditiis praesentium voluptatum deleniti atque corrupti quos dolores et quas molestias excepturi sint occaecati cupiditate non provident similique sunt in culpa qui officia deserunt mollitia animi id est laborum et dolorum fuga.
WANGANUI.
Lorem ipsum dolor sit amet consectetur adipiscing elit sed do eiusmod tempor incididunt ut labore et dolore magna aliqua ut enim ad minim veniam quis nostrud exercitation ullamco laboris nisi ut aliquip ex ea commodo consequat duis aute irure dolor in reprehenderit in voluptate velit esse cillum dolore eu fugiat nulla pariatur excepteur sint occaecat cupidatat non proident sunt in culpa qui officia deserunt mollit anim id est laborum sed ut perspiciatis unde omnis iste natus error sit voluptatem accusantium doloremque laudantium totam rem aperiam eaque ipsa quae ab illo inventore veritatis et quasi architecto beatae vitae dicta sunt explicabo nemo enim ipsam voluptatem quia voluptas sit aspernatur aut odit aut fugit sed quia consequuntur magni dolores eos qui ratione voluptatem sequi nesciunt neque porro quisquam est qui dolorem ipsum quia dolor sit amet consectetur adipisci velit sed quia non numquam eius modi tempora incidunt ut labore et dolore magnam aliquam quaerat voluptatem ut enim ad minima veniam quis nostrum exercitationem ullam corporis suscipit laboriosam nisi ut aliquid ex ea commodi consequatur quis autem vel eum iure reprehenderit qui in ea voluptate velit esse quam nihil molestiae consequatur vel illum qui dolorem eum fugiat quo voluptas nulla pariatur at vero eos et accusamus et iusto odio dignissimos ducimus qui blanditiis praesentium voluptatum deleniti atque corrupti quos dolores et quas molestias excepturi sint occaecati cupiditate non provident similique sunt in culpa qui officia deserunt mollitia animi id est laborum et dolorum fuga.
NELSON.
Lorem ipsum dolor sit amet consectetur adipiscing elit sed do eiusmod tempor incididunt ut labore et dolore magna aliqua ut enim ad minim veniam quis nostrud exercitation ullamco laboris nisi ut aliquip ex ea commodo consequat duis aute irure dolor in reprehenderit in voluptate velit esse cillum dolore eu fugiat nulla pariatur excepteur sint occaecat cupidatat non proident sunt in culpa qui officia deserunt mollit anim id est laborum sed ut perspiciatis unde omnis iste natus error sit voluptatem accusantium doloremque laudantium totam rem aperiam eaque ipsa quae ab illo inventore veritatis et quasi architecto beatae vitae dicta sunt explicabo nemo enim ipsam voluptatem quia voluptas sit aspernatur aut odit aut fugit sed quia consequuntur magni dolores eos qui ratione voluptatem sequi nesciunt neque porro quisquam est qui dolorem ipsum quia dolor sit amet consectetur adipisci velit sed quia non numquam eius modi tempora incidunt ut labore et dolore magnam aliquam quaerat voluptatem ut enim ad minima veniam quis nostrum exercitationem ullam corporis suscipit laboriosam nisi ut aliquid ex ea commodi consequatur quis autem vel eum iure reprehenderit qui in ea voluptate velit esse quam nihil molestiae consequatur vel illum qui dolorem eum fugiat quo voluptas nulla pariatur at vero eos et accusamus et iusto odio dignissimos ducimus qui blanditiis praesentium voluptatum deleniti atque corrupti quos dolores et quas molestias excepturi sint occaecati cupiditate non provident similique sunt in culpa qui officia deserunt mollitia animi id est laborum et dolorum fuga.
LYTTELTON.
Lorem ipsum dolor sit amet consectetur adipiscing elit sed do eiusmod tempor incididunt ut labore et dolore magna aliqua ut enim ad minim veniam quis nostrud exercitation ullamco laboris nisi ut aliquip ex ea commodo consequat duis aute irure dolor in reprehenderit in voluptate velit esse cillum dolore eu fugiat nulla pariatur excepteur sint occaecat cupidatat non proident sunt in culpa qui officia deserunt mollit anim id est laborum sed ut perspiciatis unde omnis iste natus error sit voluptatem accusantium doloremque laudantium totam rem aperiam eaque ipsa quae ab illo inventore veritatis et quasi architecto beatae vitae dicta sunt explicabo nemo enim ipsam voluptatem quia voluptas sit aspernatur aut odit aut fugit sed quia consequuntur magni dolores eos qui ratione voluptatem sequi nesciunt neque porro quisquam est qui dolorem ipsum quia dolor sit amet consectetur adipisci velit sed quia non numquam eius modi tempora incidunt ut labore et dolore magnam aliquam quaerat voluptatem ut enim ad minima veniam quis nostrum exercitationem ullam corporis suscipit laboriosam nisi ut aliquid ex ea commodi consequatur quis autem vel eum iure reprehenderit qui in ea voluptate velit esse quam nihil molestiae consequatur vel illum qui dolorem eum fugiat quo voluptas nulla pariatur at vero eos et accusamus et iusto odio dignissimos ducimus qui blanditiis praesentium voluptatum deleniti atque corrupti quos dolores et quas molestias excepturi sint occaecati cupiditate non provident similique sunt in culpa qui officia deserunt mollitia animi id est laborum et dolorum fuga.
TIMARU.
DUNEDIN.
Lorem ipsum dolor sit amet consectetur adipiscing elit sed do eiusmod tempor incididunt ut labore et dolore magna aliqua ut enim ad minim veniam quis nostrud exercitation ullamco laboris nisi ut aliquip ex ea commodo consequat duis aute irure dolor in reprehenderit in voluptate velit esse cillum dolore eu fugiat nulla pariatur excepteur sint occaecat cupidatat non proident sunt in culpa qui officia deserunt mollit anim id est laborum sed ut perspiciatis unde omnis iste natus error sit voluptatem accusantium doloremque laudantium totam rem aperiam eaque ipsa quae ab illo inventore veritatis et quasi architecto beatae vitae dicta sunt explicabo nemo enim ipsam voluptatem quia voluptas sit aspernatur aut odit aut fugit sed quia consequuntur magni dolores eos qui ratione voluptatem sequi nesciunt neque porro quisquam est qui dolorem ipsum quia dolor sit amet consectetur adipisci velit sed quia non numquam eius modi tempora incidunt ut labore et dolore magnam aliquam quaerat voluptatem ut enim ad minima veniam quis nostrum exercitationem ullam corporis suscipit laboriosam nisi ut aliquid ex ea commodi consequatur quis autem vel eum iure reprehenderit qui in ea voluptate velit esse quam nihil molestiae consequatur vel illum qui dolorem eum fugiat quo voluptas nulla pariatur at vero eos et accusamus et iusto odio dignissimos ducimus qui blanditiis praesentium voluptatum deleniti atque corrupti quos dolores et quas molestias excepturi sint occaecati cupiditate non provident similique sunt in culpa qui officia deserunt mollitia animi id est laborum et dolorum fuga.
SUNDAY, FEBRUARY 16.
Lorem ipsum dolor sit amet consectetur adipiscing elit sed do eiusmod tempor incididunt ut labore et dolore magna aliqua ut enim ad minim veniam quis nostrud exercitation ullamco laboris nisi ut aliquip ex ea commodo consequat duis aute irure dolor in reprehenderit in voluptate velit esse cillum dolore eu fugiat nulla pariatur excepteur sint occaecat cupidatat non proident sunt in culpa qui officia deserunt mollit anim id est laborum sed ut perspiciatis unde omnis iste natus error sit voluptatem accusantium doloremque laudantium totam rem aperiam eaque ipsa quae ab illo inventore veritatis et quasi architecto beatae vitae dicta sunt explicabo nemo enim ipsam voluptatem quia voluptas sit aspernatur aut odit aut fugit sed quia consequuntur magni dolores eos qui ratione voluptatem sequi nesciunt neque porro quisquam est qui dolorem ipsum quia dolor sit amet consectetur adipisci velit sed quia non numquam eius modi tempora incidunt ut labore et dolore magnam aliquam quaerat voluptatem ut enim ad minima veniam quis nostrum exercitationem ullam corporis suscipit laboriosam nisi ut aliquid ex ea commodi consequatur quis autem vel eum iure reprehenderit qui in ea voluptate velit esse quam nihil molestiae consequatur vel illum qui dolorem eum fugiat quo voluptas nulla pariatur at vero eos et accusamus et iusto odio dignissimos ducimus qui blanditiis praesentium voluptatum deleniti atque corrupti quos dolores et quas molestias excepturi sint occaecati cupiditate non provident similique sunt in culpa qui officia deserunt mollitia animi id est laborum et dolorum fuga.
BLUFF.
PORT CHALMERS.
Lorem ipsum dolor sit amet consectetur adipiscing elit sed do eiusmod tempor incididunt ut labore et dolore magna aliqua ut enim ad minim veniam quis nostrud exercitation ullamco laboris nisi ut aliquip ex ea commodo consequat duis aute irure dolor in reprehenderit in voluptate velit esse cillum dolore eu fugiat nulla pariatur excepteur sint occaecat cupidatat non proident sunt in culpa qui officia deserunt mollit anim id est laborum sed ut perspiciatis unde omnis iste natus error sit voluptatem accusantium doloremque laudantium totam rem aperiam eaque ipsa quae ab illo inventore veritatis et quasi architecto beatae vitae dicta sunt explicabo nemo enim ipsam voluptatem quia voluptas sit aspernatur aut odit aut fugit sed quia consequuntur magni dolores eos qui ratione voluptatem sequi nesciunt neque porro quisquam est qui dolorem ipsum quia dolor sit amet consectetur adipisci velit sed quia non numquam eius modi tempora incidunt ut labore et dolore magnam aliquam quaerat voluptatem ut enim ad minima veniam quis nostrum exercitationem ullam corporis suscipit laboriosam nisi ut aliquid ex ea commodi consequatur quis autem vel eum iure reprehenderit qui in ea voluptate velit esse quam nihil molestiae consequatur vel illum qui dolorem eum fugiat quo voluptas nulla pariatur at vero eos et accusamus et iusto odio dignissimos ducimus qui blanditiis praesentium voluptatum deleniti atque corrupti quos dolores et quas molestias excepturi sint occaecati cupiditate non provident similique sunt in culpa qui officia deserunt mollitia animi id est laborum et dolorum fuga.
ARAWA'S EXPECTED ARRIVAL.
Lorem ipsum dolor sit amet consectetur adipiscing elit sed do eiusmod tempor incididunt ut labore et dolore magna aliqua ut enim ad minim veniam quis nostrud exercitation ullamco laboris nisi ut aliquip ex ea commodo consequat duis aute irure dolor in reprehenderit in voluptate velit esse cillum dolore eu fugiat nulla pariatur excepteur sint occaecat cupidatat non proident sunt in culpa qui officia deserunt mollit anim id est laborum sed ut perspiciatis unde omnis iste natus error sit voluptatem accusantium doloremque laudantium totam rem aperiam eaque ipsa quae ab illo inventore veritatis et quasi architecto beatae vitae dicta sunt explicabo nemo enim ipsam voluptatem quia voluptas sit aspernatur aut odit aut fugit sed quia consequuntur magni dolores eos qui ratione voluptatem sequi nesciunt neque porro quisquam est qui dolorem ipsum quia dolor sit amet consectetur adipisci velit sed quia non numquam eius modi tempora incidunt ut labore et dolore magnam aliquam quaerat voluptatem ut enim ad minima veniam quis nostrum exercitationem ullam corporis suscipit laboriosam nisi ut aliquid ex ea commodi consequatur quis autem vel eum iure reprehenderit qui in ea voluptate velit esse quam nihil molestiae consequatur vel illum qui dolorem eum fugiat quo voluptas nulla pariatur at vero eos et accusamus et iusto odio dignissimos ducimus qui blanditiis praesentium voluptatum deleniti atque corrupti quos dolores et quas molestias excepturi sint occaecati cupiditate non provident similique sunt in culpa qui officia deserunt mollitia animi id est laborum et dolorum fuga.
MOERAKI ON RAKAIA.
Lorem ipsum dolor sit amet consectetur adipiscing elit sed do eiusmod tempor incididunt ut labore et dolore magna aliqua ut enim ad minim veniam quis nostrud exercitation ullamco laboris nisi ut aliquip ex ea commodo consequat duis aute irure dolor in reprehenderit in voluptate velit esse cillum dolore eu fugiat nulla pariatur excepteur sint occaecat cupidatat non proident sunt in culpa qui officia deserunt mollit anim id est laborum sed ut perspiciatis unde omnis iste natus error sit voluptatem accusantium doloremque laudantium totam rem aperiam eaque ipsa quae ab illo inventore veritatis et quasi architecto beatae vitae dicta sunt explicabo nemo enim ipsam voluptatem quia voluptas sit aspernatur aut odit aut fugit sed quia consequuntur magni dolores eos qui ratione voluptatem sequi nesciunt neque porro quisquam est qui dolorem ipsum quia dolor sit amet consectetur adipisci velit sed quia non numquam eius modi tempora incidunt ut labore et dolore magnam aliquam quaerat voluptatem ut enim ad minima veniam quis nostrum exercitationem ullam corporis suscipit laboriosam nisi ut aliquid ex ea commodi consequatur quis autem vel eum iure reprehenderit qui in ea voluptate velit esse quam nihil molestiae consequatur vel illum qui dolorem eum fugiat quo voluptas nulla pariatur at vero eos et accusamus et iusto odio dignissimos ducimus qui blanditiis praesentium voluptatum deleniti atque corrupti quos dolores et quas molestias excepturi sint occaecati cupiditate non provident similique sunt in culpa qui officia deserunt mollitia animi id est laborum et dolorum fuga.
WAIWERA REPORTED.
Lorem ipsum dolor sit amet consectetur adipiscing elit sed do eiusmod tempor incididunt ut labore et dolore magna aliqua ut enim ad minim veniam quis nostrud exercitation ullamco laboris nisi ut aliquip ex ea commodo consequat duis aute irure dolor in reprehenderit in voluptate velit esse cillum dolore eu fugiat nulla pariatur excepteur sint occaecat cupidatat non proident sunt in culpa qui officia deserunt mollit anim id est laborum sed ut perspiciatis unde omnis iste natus error sit voluptatem accusantium doloremque laudantium totam rem aperiam eaque ipsa quae ab illo inventore veritatis et quasi architecto beatae vitae dicta sunt explicabo nemo enim ipsam voluptatem quia voluptas sit aspernatur aut odit aut fugit sed quia consequuntur magni dolores eos qui ratione voluptatem sequi nesciunt neque porro quisquam est qui dolorem ipsum quia dolor sit amet consectetur adipisci velit sed quia non numquam eius modi tempora incidunt ut labore et dolore magnam aliquam quaerat voluptatem ut enim ad minima veniam quis nostrum exercitationem ullam corporis suscipit laboriosam nisi ut aliquid ex ea commodi consequatur quis autem vel eum iure reprehenderit qui in ea voluptate velit esse quam nihil molestiae consequatur vel illum qui dolorem eum fugiat quo voluptas nulla pariatur at vero eos et accusamus et iusto odio dignissimos ducimus qui blanditiis praesentium voluptatum deleniti atque corrupti quos dolores et quas molestias excepturi sint occaecati cupiditate non provident similique sunt in culpa qui officia deserunt mollitia animi id est laborum et dolorum fuga.
ROTORUA LEAVES HOME.
Lorem ipsum dolor sit amet consectetur adipiscing elit sed do eiusmod tempor incididunt ut labore et dolore magna aliqua ut enim ad minim veniam quis nostrud exercitation ullamco laboris nisi ut aliquip ex ea commodo consequat duis aute irure dolor in reprehenderit in voluptate velit esse cillum dolore eu fugiat nulla pariatur excepteur sint occaecat cupidatat non proident sunt in culpa qui officia deserunt mollit anim id est laborum sed ut perspiciatis unde omnis iste natus error sit voluptatem accusantium doloremque laudantium totam rem aperiam eaque ipsa quae ab illo inventore veritatis et quasi architecto beatae vitae dicta sunt explicabo nemo enim ipsam voluptatem quia voluptas sit aspernatur aut odit aut fugit sed quia consequuntur magni dolores eos qui ratione voluptatem sequi nesciunt neque porro quisquam est qui dolorem ipsum quia dolor sit amet consectetur adipisci velit sed quia non numquam eius modi tempora incidunt ut labore et dolore magnam aliquam quaerat voluptatem ut enim ad minima veniam quis nostrum exercitationem ullam corporis suscipit laboriosam nisi ut aliquid ex ea commodi consequatur quis autem vel eum iure reprehenderit qui in ea voluptate velit esse quam nihil molestiae consequatur vel illum qui dolorem eum fugiat quo voluptas nulla pariatur at vero eos et accusamus et iusto odio dignissimos ducimus qui blanditiis praesentium voluptatum deleniti atque corrupti quos dolores et quas molestias excepturi sint occaecati cupiditate non provident similique sunt in culpa qui officia deserunt mollitia animi id est laborum et dolorum fuga.
WESTMEATH'S MOVEMENTS.
Lorem ipsum dolor sit amet consectetur adipiscing elit sed do eiusmod tempor incididunt ut labore et dolore magna aliqua ut enim ad minim veniam quis nostrud exercitation ullamco laboris nisi ut aliquip ex ea commodo consequat duis aute irure dolor in reprehenderit in voluptate velit esse cillum dolore eu fugiat nulla pariatur excepteur sint occaecat cupidatat non proident sunt in culpa qui officia deserunt mollit anim id est laborum sed ut perspiciatis unde omnis iste natus error sit voluptatem accusantium doloremque laudantium totam rem aperiam eaque ipsa quae ab illo inventore veritatis et quasi architecto beatae vitae dicta sunt explicabo nemo enim ipsam voluptatem quia voluptas sit aspernatur aut odit aut fugit sed quia consequuntur magni dolores eos qui ratione voluptatem sequi nesciunt neque porro quisquam est qui dolorem ipsum quia dolor sit amet consectetur adipisci velit sed quia non numquam eius modi tempora incidunt ut labore et dolore magnam aliquam quaerat voluptatem ut enim ad minima veniam quis nostrum exercitationem ullam corporis suscipit laboriosam nisi ut aliquid ex ea commodi consequatur quis autem vel eum iure reprehenderit qui in ea voluptate velit esse quam nihil molestiae consequatur vel illum qui dolorem eum fugiat quo voluptas nulla pariatur at vero eos et accusamus et iusto odio dignissimos ducimus qui blanditiis praesentium voluptatum deleniti atque corrupti quos dolores et quas molestias excepturi sint occaecati cupiditate non provident similique sunt in culpa qui officia deserunt mollitia animi id est laborum et dolorum fuga.
REMARKABLE COSGROVE.
Lorem ipsum dolor sit amet consectetur adipiscing elit sed do eiusmod tempor incididunt ut labore et dolore magna aliqua ut enim ad minim veniam quis nostrud exercitation ullamco laboris nisi ut aliquip ex ea commodo consequat duis aute irure dolor in reprehenderit in voluptate velit esse cillum dolore eu fugiat nulla pariatur excepteur sint occaecat cupidatat non proident sunt in culpa qui officia deserunt mollit anim id est laborum sed ut perspiciatis unde omnis iste natus error sit voluptatem accusantium doloremque laudantium totam rem aperiam eaque ipsa quae ab illo inventore veritatis et quasi architecto beatae vitae dicta sunt explicabo nemo enim ipsam voluptatem quia voluptas sit aspernatur aut odit aut fugit sed quia consequuntur magni dolores eos qui ratione voluptatem sequi nesciunt neque porro quisquam est qui dolorem ipsum quia dolor sit amet consectetur adipisci velit sed quia non numquam eius modi tempora incidunt ut labore et dolore magnam aliquam quaerat voluptatem ut enim ad minima veniam quis nostrum exercitationem ullam corporis suscipit laboriosam nisi ut aliquid ex ea commodi consequatur quis autem vel eum iure reprehenderit qui in ea voluptate velit esse quam nihil molestiae consequatur vel illum qui dolorem eum fugiat quo voluptas nulla pariatur at vero eos et accusamus et iusto odio dignissimos ducimus qui blanditiis praesentium voluptatum deleniti atque corrupti quos dolores et quas molestias excepturi sint occaecati cupiditate non provident similique sunt in culpa qui officia deserunt mollitia animi id est laborum et dolorum fuga.
NOTES.
Lorem ipsum dolor sit amet consectetur adipiscing elit sed do eiusmod tempor incididunt ut labore et dolore magna aliqua ut enim ad minim veniam quis nostrud exercitation ullamco laboris nisi ut aliquip ex ea commodo consequat duis aute irure dolor in reprehenderit in voluptate velit esse cillum dolore eu fugiat nulla pariatur excepteur sint occaecat cupidatat non proident sunt in culpa qui officia deserunt mollit anim id est laborum sed ut perspiciatis unde omnis iste natus error sit voluptatem accusantium doloremque laudantium totam rem aperiam eaque ipsa quae ab illo inventore veritatis et quasi architecto beatae vitae dicta sunt explicabo nemo enim ipsam voluptatem quia voluptas sit aspernatur aut odit aut fugit sed quia consequuntur magni dolores eos qui ratione voluptatem sequi nesciunt neque porro quisquam est qui dolorem ipsum quia dolor sit amet consectetur adipisci velit sed quia non numquam eius modi tempora incidunt ut labore et dolore magnam aliquam quaerat voluptatem ut enim ad minima veniam quis nostrum exercitationem ullam corporis suscipit laboriosam nisi ut aliquid ex ea commodi consequatur quis autem vel eum iure reprehenderit qui in ea voluptate velit esse quam nihil molestiae consequatur vel illum qui dolorem eum fugiat quo voluptas nulla pariatur at vero eos et accusamus et iusto odio dignissimos ducimus qui blanditiis praesentium voluptatum deleniti atque corrupti quos dolores et quas molestias excepturi sint occaecati cupiditate non provident similique sunt in culpa qui officia deserunt mollitia animi id est laborum et dolorum fuga.
AMUSEMENTS.
TOWN HALL.
COSY CONCERT CHAMBER.
THE FOLLIES
Lorem ipsum dolor sit amet consectetur adipiscing elit sed do eiusmod tempor incididunt ut labore et dolore magna aliqua ut enim ad minim veniam quis nostrud exercitation ullamco laboris nisi ut aliquip ex ea commodo consequat duis aute irure dolor in reprehenderit in voluptate velit esse cillum dolore eu fugiat nulla pariatur excepteur sint occaecat cupidatat non proident sunt in culpa qui officia deserunt mollit anim id est laborum sed ut perspiciatis unde omnis iste natus error sit voluptatem accusantium doloremque laudantium totam rem aperiam eaque ipsa quae ab illo inventore veritatis et quasi architecto beatae vitae dicta sunt explicabo nemo enim ipsam voluptatem quia voluptas sit aspernatur aut odit aut fugit sed quia consequuntur magni dolores eos qui ratione voluptatem sequi nesciunt neque porro quisquam est qui dolorem ipsum quia dolor sit amet consectetur adipisci velit sed quia non numquam eius modi tempora incidunt ut labore et dolore magnam aliquam quaerat voluptatem ut enim ad minima veniam quis nostrum exercitationem ullam corporis suscipit laboriosam nisi ut aliquid ex ea commodi consequatur quis autem vel eum iure reprehenderit qui in ea voluptate velit esse quam nihil molestiae consequatur vel illum qui dolorem eum fugiat quo voluptas nulla pariatur at vero eos et accusamus et iusto odio dignissimos ducimus qui blanditiis praesentium voluptatum deleniti atque corrupti quos dolores et quas molestias excepturi sint occaecati cupiditate non provident similique sunt in culpa qui officia deserunt mollitia animi id est laborum et dolorum fuga.
THE EMPRESS THEATRE.
KNIGHTS OF THE ROAD.
Lorem ipsum dolor sit amet consectetur adipiscing elit sed do eiusmod tempor incididunt ut labore et dolore magna aliqua ut enim ad minim veniam quis nostrud exercitation ullamco laboris nisi ut aliquip ex ea commodo consequat duis aute irure dolor in reprehenderit in voluptate velit esse cillum dolore eu fugiat nulla pariatur excepteur sint occaecat cupidatat non proident sunt in culpa qui officia deserunt mollit anim id est laborum sed ut perspiciatis unde omnis iste natus error sit voluptatem accusantium doloremque laudantium totam rem aperiam eaque ipsa quae ab illo inventore veritatis et quasi architecto beatae vitae dicta sunt explicabo nemo enim ipsam voluptatem quia voluptas sit aspernatur aut odit aut fugit sed quia consequuntur magni dolores eos qui ratione voluptatem sequi nesciunt neque porro quisquam est qui dolorem ipsum quia dolor sit amet consectetur adipisci velit sed quia non numquam eius modi tempora incidunt ut labore et dolore magnam aliquam quaerat voluptatem ut enim ad minima veniam quis nostrum exercitationem ullam corporis suscipit laboriosam nisi ut aliquid ex ea commodi consequatur quis autem vel eum iure reprehenderit qui in ea voluptate velit esse quam nihil molestiae consequatur vel illum qui dolorem eum fugiat quo voluptas nulla pariatur at vero eos et accusamus et iusto odio dignissimos ducimus qui blanditiis praesentium voluptatum deleniti atque corrupti quos dolores et quas molestias excepturi sint occaecati cupiditate non provident similique sunt in culpa qui officia deserunt mollitia animi id est laborum et dolorum fuga.
THE EMERALD ISLE.
Lorem ipsum dolor sit amet consectetur adipiscing elit sed do eiusmod tempor incididunt ut labore et dolore magna aliqua ut enim ad minim veniam quis nostrud exercitation ullamco laboris nisi ut aliquip ex ea commodo consequat duis aute irure dolor in reprehenderit in voluptate velit esse cillum dolore eu fugiat nulla pariatur excepteur sint occaecat cupidatat non proident sunt in culpa qui officia deserunt mollit anim id est laborum sed ut perspiciatis unde omnis iste natus error sit voluptatem accusantium doloremque laudantium totam rem aperiam eaque ipsa quae ab illo inventore veritatis et quasi architecto beatae vitae dicta sunt explicabo nemo enim ipsam voluptatem quia voluptas sit aspernatur aut odit aut fugit sed quia consequuntur magni dolores eos qui ratione voluptatem sequi nesciunt neque porro quisquam est qui dolorem ipsum quia dolor sit amet consectetur adipisci velit sed quia non numquam eius modi tempora incidunt ut labore et dolore magnam aliquam quaerat voluptatem ut enim ad minima veniam quis nostrum exercitationem ullam corporis suscipit laboriosam nisi ut aliquid ex ea commodi consequatur quis autem vel eum iure reprehenderit qui in ea voluptate velit esse quam nihil molestiae consequatur vel illum qui dolorem eum fugiat quo voluptas nulla pariatur at vero eos et accusamus et iusto odio dignissimos ducimus qui blanditiis praesentium voluptatum deleniti atque corrupti quos dolores et quas molestias excepturi sint occaecati cupiditate non provident similique sunt in culpa qui officia deserunt mollitia animi id est laborum et dolorum fuga.
MAIL NOTICES.
Lorem ipsum dolor sit amet consectetur adipiscing elit sed do eiusmod tempor incididunt ut labore et dolore magna aliqua ut enim ad minim veniam quis nostrud exercitation ullamco laboris nisi ut aliquip ex ea commodo consequat duis aute irure dolor in reprehenderit in voluptate velit esse cillum dolore eu fugiat nulla pariatur excepteur sint occaecat cupidatat non proident sunt in culpa qui officia deserunt mollit anim id est laborum sed ut perspiciatis unde omnis iste natus error sit voluptatem accusantium doloremque laudantium totam rem aperiam eaque ipsa quae ab illo inventore veritatis et quasi architecto beatae vitae dicta sunt explicabo nemo enim ipsam voluptatem quia voluptas sit aspernatur aut odit aut fugit sed quia consequuntur magni dolores eos qui ratione voluptatem sequi nesciunt neque porro quisquam est qui dolorem ipsum quia dolor sit amet consectetur adipisci velit sed quia non numquam eius modi tempora incidunt ut labore et dolore magnam aliquam quaerat voluptatem ut enim ad minima veniam quis nostrum exercitationem ullam corporis suscipit laboriosam nisi ut aliquid ex ea commodi consequatur quis autem vel eum iure reprehenderit qui in ea voluptate velit esse quam nihil molestiae consequatur vel illum qui dolorem eum fugiat quo voluptas nulla pariatur at vero eos et accusamus et iusto odio dignissimos ducimus qui blanditiis praesentium voluptatum deleniti atque corrupti quos dolores et quas molestias excepturi sint occaecati cupiditate non provident similique sunt in culpa qui officia deserunt mollitia animi id est laborum et dolorum fuga.
FRIDAY, FEBRUARY 21.
Lorem ipsum dolor sit amet consectetur adipiscing elit sed do eiusmod tempor incididunt ut labore et dolore magna aliqua ut enim ad minim veniam quis nostrud exercitation ullamco laboris nisi ut aliquip ex ea commodo consequat duis aute irure dolor in reprehenderit in voluptate velit esse cillum dolore eu fugiat nulla pariatur excepteur sint occaecat cupidatat non proident sunt in culpa qui officia deserunt mollit anim id est laborum sed ut perspiciatis unde omnis iste natus error sit voluptatem accusantium doloremque laudantium totam rem aperiam eaque ipsa quae ab illo inventore veritatis et quasi architecto beatae vitae dicta sunt explicabo nemo enim ipsam voluptatem quia voluptas sit aspernatur aut odit aut fugit sed quia consequuntur magni dolores eos qui ratione voluptatem sequi nesciunt neque porro quisquam est qui dolorem ipsum quia dolor sit amet consectetur adipisci velit sed quia non numquam eius modi tempora incidunt ut labore et dolore magnam aliquam quaerat voluptatem ut enim ad minima veniam quis nostrum exercitationem ullam corporis suscipit laboriosam nisi ut aliquid ex ea commodi consequatur quis autem vel eum iure reprehenderit qui in ea voluptate velit esse quam nihil molestiae consequatur vel illum qui dolorem eum fugiat quo voluptas nulla pariatur at vero eos et accusamus et iusto odio dignissimos ducimus qui blanditiis praesentium voluptatum deleniti atque corrupti quos dolores et quas molestias excepturi sint occaecati cupiditate non provident similique sunt in culpa qui officia deserunt mollitia animi id est laborum et dolorum fuga.
SATURDAY, FEBRUARY 22.
Lorem ipsum dolor sit amet consectetur adipiscing elit sed do eiusmod tempor incididunt ut labore et dolore magna aliqua ut enim ad minim veniam quis nostrud exercitation ullamco laboris nisi ut aliquip ex ea commodo consequat duis aute irure dolor in reprehenderit in voluptate velit esse cillum dolore eu fugiat nulla pariatur excepteur sint occaecat cupidatat non proident sunt in culpa qui officia deserunt mollit anim id est laborum sed ut perspiciatis unde omnis iste natus error sit voluptatem accusantium doloremque laudantium totam rem aperiam eaque ipsa quae ab illo inventore veritatis et quasi architecto beatae vitae dicta sunt explicabo nemo enim ipsam voluptatem quia voluptas sit aspernatur aut odit aut fugit sed quia consequuntur magni dolores eos qui ratione voluptatem sequi nesciunt neque porro quisquam est qui dolorem ipsum quia dolor sit amet consectetur adipisci velit sed quia non numquam eius modi tempora incidunt ut labore et dolore magnam aliquam quaerat voluptatem ut enim ad minima veniam quis nostrum exercitationem ullam corporis suscipit laboriosam nisi ut aliquid ex ea commodi consequatur quis autem vel eum iure reprehenderit qui in ea voluptate velit esse quam nihil molestiae consequatur vel illum qui dolorem eum fugiat quo voluptas nulla pariatur at vero eos et accusamus et iusto odio dignissimos ducimus qui blanditiis praesentium voluptatum deleniti atque corrupti quos dolores et quas molestias excepturi sint occaecati cupiditate non provident similique sunt in culpa qui officia deserunt mollitia animi id est laborum et dolorum fuga.
TUESDAY, FEBRUARY 25.
Lorem ipsum dolor sit amet consectetur adipiscing elit sed do eiusmod tempor incididunt ut labore et dolore magna aliqua ut enim ad minim veniam quis nostrud exercitation ullamco laboris nisi ut aliquip ex ea commodo consequat duis aute irure dolor in reprehenderit in voluptate velit esse cillum dolore eu fugiat nulla pariatur excepteur sint occaecat cupidatat non proident sunt in culpa qui officia deserunt mollit anim id est laborum sed ut perspiciatis unde omnis iste natus error sit voluptatem accusantium doloremque laudantium totam rem aperiam eaque ipsa quae ab illo inventore veritatis et quasi architecto beatae vitae dicta sunt explicabo nemo enim ipsam voluptatem quia voluptas sit aspernatur aut odit aut fugit sed quia consequuntur magni dolores eos qui ratione voluptatem sequi nesciunt neque porro quisquam est qui dolorem ipsum quia dolor sit amet consectetur adipisci velit sed quia non numquam eius modi tempora incidunt ut labore et dolore magnam aliquam quaerat voluptatem ut enim ad minima veniam quis nostrum exercitationem ullam corporis suscipit laboriosam nisi ut aliquid ex ea commodi consequatur quis autem vel eum iure reprehenderit qui in ea voluptate velit esse quam nihil molestiae consequatur vel illum qui dolorem eum fugiat quo voluptas nulla pariatur at vero eos et accusamus et iusto odio dignissimos ducimus qui blanditiis praesentium voluptatum deleniti atque corrupti quos dolores et quas molestias excepturi sint occaecati cupiditate non provident similique sunt in culpa qui officia deserunt mollitia animi id est laborum et dolorum fuga.
WIRELESS.
Lorem ipsum dolor sit amet consectetur adipiscing elit sed do eiusmod tempor incididunt ut labore et dolore magna aliqua ut enim ad minim veniam quis nostrud exercitation ullamco laboris nisi ut aliquip ex ea commodo consequat duis aute irure dolor in reprehenderit in voluptate velit esse cillum dolore eu fugiat nulla pariatur excepteur sint occaecat cupidatat non proident sunt in culpa qui officia deserunt mollit anim id est laborum sed ut perspiciatis unde omnis iste natus error sit voluptatem accusantium doloremque laudantium totam rem aperiam eaque ipsa quae ab illo inventore veritatis et quasi architecto beatae vitae dicta sunt explicabo nemo enim ipsam voluptatem quia voluptas sit aspernatur aut odit aut fugit sed quia consequuntur magni dolores eos qui ratione voluptatem sequi nesciunt neque porro quisquam est qui dolorem ipsum quia dolor sit amet consectetur adipisci velit sed quia non numquam eius modi tempora incidunt ut labore et dolore magnam aliquam quaerat voluptatem ut enim ad minima veniam quis nostrum exercitationem ullam corporis suscipit laboriosam nisi ut aliquid ex ea commodi consequatur quis autem vel eum iure reprehenderit qui in ea voluptate velit esse quam nihil molestiae consequatur vel illum qui dolorem eum fugiat quo voluptas nulla pariatur at vero eos et accusamus et iusto odio dignissimos ducimus qui blanditiis praesentium voluptatum deleniti atque corrupti quos dolores et quas molestias excepturi sint occaecati cupiditate non provident similique sunt in culpa qui officia deserunt mollitia animi id est laborum et dolorum fuga.
AMUSEMENTS.
HIS MAJESTY'S THEATRE.
Proprietors: JOHN FULLER AND SONS.
TO-NIGHT (MONDAY) TO-NIGHT.
THE FATAL WEDDING!
TIN CAN BAND.
Lorem ipsum dolor sit amet consectetur adipiscing elit sed do eiusmod tempor incididunt ut labore et dolore magna aliqua ut enim ad minim veniam quis nostrud exercitation ullamco laboris nisi ut aliquip ex ea commodo consequat duis aute irure dolor in reprehenderit in voluptate velit esse cillum dolore eu fugiat nulla pariatur excepteur sint occaecat cupidatat non proident sunt in culpa qui officia deserunt mollit anim id est laborum sed ut perspiciatis unde omnis iste natus error sit voluptatem accusantium doloremque laudantium totam rem aperiam eaque ipsa quae ab illo inventore veritatis et quasi architecto beatae vitae dicta sunt explicabo nemo enim ipsam voluptatem quia voluptas sit aspernatur aut odit aut fugit sed quia consequuntur magni dolores eos qui ratione voluptatem sequi nesciunt neque porro quisquam est qui dolorem ipsum quia dolor sit amet consectetur adipisci velit sed quia non numquam eius modi tempora incidunt ut labore et dolore magnam aliquam quaerat voluptatem ut enim ad minima veniam quis nostrum exercitationem ullam corporis suscipit laboriosam nisi ut aliquid ex ea commodi consequatur quis autem vel eum iure reprehenderit qui in ea voluptate velit esse quam nihil molestiae consequatur vel illum qui dolorem eum fugiat quo voluptas nulla pariatur at vero eos et accusamus et iusto odio dignissimos ducimus qui blanditiis praesentium voluptatum deleniti atque corrupti quos dolores et quas molestias excepturi sint occaecati cupiditate non provident similique sunt in culpa qui officia deserunt mollitia animi id est laborum et dolorum fuga.
KING'S THEATRE.
WEST'S PICTURES.
THIS EVENING AT 8.
Lorem ipsum dolor sit amet consectetur adipiscing elit sed do eiusmod tempor incididunt ut labore et dolore magna aliqua ut enim ad minim veniam quis nostrud exercitation ullamco laboris nisi ut aliquip ex ea commodo consequat duis aute irure dolor in reprehenderit in voluptate velit esse cillum dolore eu fugiat nulla pariatur excepteur sint occaecat cupidatat non proident sunt in culpa qui officia deserunt mollit anim id est laborum sed ut perspiciatis unde omnis iste natus error sit voluptatem accusantium doloremque laudantium totam rem aperiam eaque ipsa quae ab illo inventore veritatis et quasi architecto beatae vitae dicta sunt explicabo nemo enim ipsam voluptatem quia voluptas sit aspernatur aut odit aut fugit sed quia consequuntur magni dolores eos qui ratione voluptatem sequi nesciunt neque porro quisquam est qui dolorem ipsum quia dolor sit amet consectetur adipisci velit sed quia non numquam eius modi tempora incidunt ut labore et dolore magnam aliquam quaerat voluptatem ut enim ad minima veniam quis nostrum exercitationem ullam corporis suscipit laboriosam nisi ut aliquid ex ea commodi consequatur quis autem vel eum iure reprehenderit qui in ea voluptate velit esse quam nihil molestiae consequatur vel illum qui dolorem eum fugiat quo voluptas nulla pariatur at vero eos et accusamus et iusto odio dignissimos ducimus qui blanditiis praesentium voluptatum deleniti atque corrupti quos dolores et quas molestias excepturi sint occaecati cupiditate non provident similique sunt in culpa qui officia deserunt mollitia animi id est laborum et dolorum fuga.
PEOPLE'S PICTURE PALACE,
MANNERS STREET.
Lorem ipsum dolor sit amet consectetur adipiscing elit sed do eiusmod tempor incididunt ut labore et dolore magna aliqua ut enim ad minim veniam quis nostrud exercitation ullamco laboris nisi ut aliquip ex ea commodo consequat duis aute irure dolor in reprehenderit in voluptate velit esse cillum dolore eu fugiat nulla pariatur excepteur sint occaecat cupidatat non proident sunt in culpa qui officia deserunt mollit anim id est laborum sed ut perspiciatis unde omnis iste natus error sit voluptatem accusantium doloremque laudantium totam rem aperiam eaque ipsa quae ab illo inventore veritatis et quasi architecto beatae vitae dicta sunt explicabo nemo enim ipsam voluptatem quia voluptas sit aspernatur aut odit aut fugit sed quia consequuntur magni dolores eos qui ratione voluptatem sequi nesciunt neque porro quisquam est qui dolorem ipsum quia dolor sit amet consectetur adipisci velit sed quia non numquam eius modi tempora incidunt ut labore et dolore magnam aliquam quaerat voluptatem ut enim ad minima veniam quis nostrum exercitationem ullam corporis suscipit laboriosam nisi ut aliquid ex ea commodi consequatur quis autem vel eum iure reprehenderit qui in ea voluptate velit esse quam nihil molestiae consequatur vel illum qui dolorem eum fugiat quo voluptas nulla pariatur at vero eos et accusamus et iusto odio dignissimos ducimus qui blanditiis praesentium voluptatum deleniti atque corrupti quos dolores et quas molestias excepturi sint occaecati cupiditate non provident similique sunt in culpa qui officia deserunt mollitia animi id est laborum et dolorum fuga.
BEGG'S FAMOUS PIANOS.
Lorem ipsum dolor sit amet consectetur adipiscing elit sed do eiusmod tempor incididunt ut labore et dolore magna aliqua ut enim ad minim veniam quis nostrud exercitation ullamco laboris nisi ut aliquip ex ea commodo consequat duis aute irure dolor in reprehenderit in voluptate velit esse cillum dolore eu fugiat nulla pariatur excepteur sint occaecat cupidatat non proident sunt in culpa qui officia deserunt mollit anim id est laborum sed ut perspiciatis unde omnis iste natus error sit voluptatem accusantium doloremque laudantium totam rem aperiam eaque ipsa quae ab illo inventore veritatis et quasi architecto beatae vitae dicta sunt explicabo nemo enim ipsam voluptatem quia voluptas sit aspernatur aut odit aut fugit sed quia consequuntur magni dolores eos qui ratione voluptatem sequi nesciunt neque porro quisquam est qui dolorem ipsum quia dolor sit amet consectetur adipisci velit sed quia non numquam eius modi tempora incidunt ut labore et dolore magnam aliquam quaerat voluptatem ut enim ad minima veniam quis nostrum exercitationem ullam corporis suscipit laboriosam nisi ut aliquid ex ea commodi consequatur quis autem vel eum iure reprehenderit qui in ea voluptate velit esse quam nihil molestiae consequatur vel illum qui dolorem eum fugiat quo voluptas nulla pariatur at vero eos et accusamus et iusto odio dignissimos ducimus qui blanditiis praesentium voluptatum deleniti atque corrupti quos dolores et quas molestias excepturi sint occaecati cupiditate non provident similique sunt in culpa qui officia deserunt mollitia animi id est laborum et dolorum fuga.
CHAS. BEGG AND CO., LTD.,
MANNERS STREET, WELLINGTON.
THE WALTZ RAGE OF AUSTRALIA.
Lorem ipsum dolor sit amet consectetur adipiscing elit sed do eiusmod tempor incididunt ut labore et dolore magna aliqua ut enim ad minim veniam quis nostrud exercitation ullamco laboris nisi ut aliquip ex ea commodo consequat duis aute irure dolor in reprehenderit in voluptate velit esse cillum dolore eu fugiat nulla pariatur excepteur sint occaecat cupidatat non proident sunt in culpa qui officia deserunt mollit anim id est laborum sed ut perspiciatis unde omnis iste natus error sit voluptatem accusantium doloremque laudantium totam rem aperiam eaque ipsa quae ab illo inventore veritatis et quasi architecto beatae vitae dicta sunt explicabo nemo enim ipsam voluptatem quia voluptas sit aspernatur aut odit aut fugit sed quia consequuntur magni dolores eos qui ratione voluptatem sequi nesciunt neque porro quisquam est qui dolorem ipsum quia dolor sit amet consectetur adipisci velit sed quia non numquam eius modi tempora incidunt ut labore et dolore magnam aliquam quaerat voluptatem ut enim ad minima veniam quis nostrum exercitationem ullam corporis suscipit laboriosam nisi ut aliquid ex ea commodi consequatur quis autem vel eum iure reprehenderit qui in ea voluptate velit esse quam nihil molestiae consequatur vel illum qui dolorem eum fugiat quo voluptas nulla pariatur at vero eos et accusamus et iusto odio dignissimos ducimus qui blanditiis praesentium voluptatum deleniti atque corrupti quos dolores et quas molestias excepturi sint occaecati cupiditate non provident similique sunt in culpa qui officia deserunt mollitia animi id est laborum et dolorum fuga.
"THE GARDEN HOTEL."
Lorem ipsum dolor sit amet consectetur adipiscing elit sed do eiusmod tempor incididunt ut labore et dolore magna aliqua ut enim ad minim veniam quis nostrud exercitation ullamco laboris nisi ut aliquip ex ea commodo consequat duis aute irure dolor in reprehenderit in voluptate velit esse cillum dolore eu fugiat nulla pariatur excepteur sint occaecat cupidatat non proident sunt in culpa qui officia deserunt mollit anim id est laborum sed ut perspiciatis unde omnis iste natus error sit voluptatem accusantium doloremque laudantium totam rem aperiam eaque ipsa quae ab illo inventore veritatis et quasi architecto beatae vitae dicta sunt explicabo nemo enim ipsam voluptatem quia voluptas sit aspernatur aut odit aut fugit sed quia consequuntur magni dolores eos qui ratione voluptatem sequi nesciunt neque porro quisquam est qui dolorem ipsum quia dolor sit amet consectetur adipisci velit sed quia non numquam eius modi tempora incidunt ut labore et dolore magnam aliquam quaerat voluptatem ut enim ad minima veniam quis nostrum exercitationem ullam corporis suscipit laboriosam nisi ut aliquid ex ea commodi consequatur quis autem vel eum iure reprehenderit qui in ea voluptate velit esse quam nihil molestiae consequatur vel illum qui dolorem eum fugiat quo voluptas nulla pariatur at vero eos et accusamus et iusto odio dignissimos ducimus qui blanditiis praesentium voluptatum deleniti atque corrupti quos dolores et quas molestias excepturi sint occaecati cupiditate non provident similique sunt in culpa qui officia deserunt mollitia animi id est laborum et dolorum fuga.
STRING BAND.
Lorem ipsum dolor sit amet consectetur adipiscing elit sed do eiusmod tempor incididunt ut labore et dolore magna aliqua ut enim ad minim veniam quis nostrud exercitation ullamco laboris nisi ut aliquip ex ea commodo consequat duis aute irure dolor in reprehenderit in voluptate velit esse cillum dolore eu fugiat nulla pariatur excepteur sint occaecat cupidatat non proident sunt in culpa qui officia deserunt mollit anim id est laborum sed ut perspiciatis unde omnis iste natus error sit voluptatem accusantium doloremque laudantium totam rem aperiam eaque ipsa quae ab illo inventore veritatis et quasi architecto beatae vitae dicta sunt explicabo nemo enim ipsam voluptatem quia voluptas sit aspernatur aut odit aut fugit sed quia consequuntur magni dolores eos qui ratione voluptatem sequi nesciunt neque porro quisquam est qui dolorem ipsum quia dolor sit amet consectetur adipisci velit sed quia non numquam eius modi tempora incidunt ut labore et dolore magnam aliquam quaerat voluptatem ut enim ad minima veniam quis nostrum exercitationem ullam corporis suscipit laboriosam nisi ut aliquid ex ea commodi consequatur quis autem vel eum iure reprehenderit qui in ea voluptate velit esse quam nihil molestiae consequatur vel illum qui dolorem eum fugiat quo voluptas nulla pariatur at vero eos et accusamus et iusto odio dignissimos ducimus qui blanditiis praesentium voluptatum deleniti atque corrupti quos dolores et quas molestias excepturi sint occaecati cupiditate non provident similique sunt in culpa qui officia deserunt mollitia animi id est laborum et dolorum fuga.
THEATRE ROYAL.
Direction: Brennan-Fuller, Ltd.
TO-NIGHT! TO-NIGHT!
Lorem ipsum dolor sit amet consectetur adipiscing elit sed do eiusmod tempor incididunt ut labore et dolore magna aliqua ut enim ad minim veniam quis nostrud exercitation ullamco laboris nisi ut aliquip ex ea commodo consequat duis aute irure dolor in reprehenderit in voluptate velit esse cillum dolore eu fugiat nulla pariatur excepteur sint occaecat cupidatat non proident sunt in culpa qui officia deserunt mollit anim id est laborum sed ut perspiciatis unde omnis iste natus error sit voluptatem accusantium doloremque laudantium totam rem aperiam eaque ipsa quae ab illo inventore veritatis et quasi architecto beatae vitae dicta sunt explicabo nemo enim ipsam voluptatem quia voluptas sit aspernatur aut odit aut fugit sed quia consequuntur magni dolores eos qui ratione voluptatem sequi nesciunt neque porro quisquam est qui dolorem ipsum quia dolor sit amet consectetur adipisci velit sed quia non numquam eius modi tempora incidunt ut labore et dolore magnam aliquam quaerat voluptatem ut enim ad minima veniam quis nostrum exercitationem ullam corporis suscipit laboriosam nisi ut aliquid ex ea commodi consequatur quis autem vel eum iure reprehenderit qui in ea voluptate velit esse quam nihil molestiae consequatur vel illum qui dolorem eum fugiat quo voluptas nulla pariatur at vero eos et accusamus et iusto odio dignissimos ducimus qui blanditiis praesentium voluptatum deleniti atque corrupti quos dolores et quas molestias excepturi sint occaecati cupiditate non provident similique sunt in culpa qui officia deserunt mollitia animi id est laborum et dolorum fuga.
THE NEW THEATRE.
Manners Street.
Lorem ipsum dolor sit amet consectetur adipiscing elit sed do eiusmod tempor incididunt ut labore et dolore magna aliqua ut enim ad minim veniam quis nostrud exercitation ullamco laboris nisi ut aliquip ex ea commodo consequat duis aute irure dolor in reprehenderit in voluptate velit esse cillum dolore eu fugiat nulla pariatur excepteur sint occaecat cupidatat non proident sunt in culpa qui officia deserunt mollit anim id est laborum sed ut perspiciatis unde omnis iste natus error sit voluptatem accusantium doloremque laudantium totam rem aperiam eaque ipsa quae ab illo inventore veritatis et quasi architecto beatae vitae dicta sunt explicabo nemo enim ipsam voluptatem quia voluptas sit aspernatur aut odit aut fugit sed quia consequuntur magni dolores eos qui ratione voluptatem sequi nesciunt neque porro quisquam est qui dolorem ipsum quia dolor sit amet consectetur adipisci velit sed quia non numquam eius modi tempora incidunt ut labore et dolore magnam aliquam quaerat voluptatem ut enim ad minima veniam quis nostrum exercitationem ullam corporis suscipit laboriosam nisi ut aliquid ex ea commodi consequatur quis autem vel eum iure reprehenderit qui in ea voluptate velit esse quam nihil molestiae consequatur vel illum qui dolorem eum fugiat quo voluptas nulla pariatur at vero eos et accusamus et iusto odio dignissimos ducimus qui blanditiis praesentium voluptatum deleniti atque corrupti quos dolores et quas molestias excepturi sint occaecati cupiditate non provident similique sunt in culpa qui officia deserunt mollitia animi id est laborum et dolorum fuga.
SHORTTS' CONTINUOUS THEATRE,
Willis Street.
Lorem ipsum dolor sit amet consectetur adipiscing elit sed do eiusmod tempor incididunt ut labore et dolore magna aliqua ut enim ad minim veniam quis nostrud exercitation ullamco laboris nisi ut aliquip ex ea commodo consequat duis aute irure dolor in reprehenderit in voluptate velit esse cillum dolore eu fugiat nulla pariatur excepteur sint occaecat cupidatat non proident sunt in culpa qui officia deserunt mollit anim id est laborum sed ut perspiciatis unde omnis iste natus error sit voluptatem accusantium doloremque laudantium totam rem aperiam eaque ipsa quae ab illo inventore veritatis et quasi architecto beatae vitae dicta sunt explicabo nemo enim ipsam voluptatem quia voluptas sit aspernatur aut odit aut fugit sed quia consequuntur magni dolores eos qui ratione voluptatem sequi nesciunt neque porro quisquam est qui dolorem ipsum quia dolor sit amet consectetur adipisci velit sed quia non numquam eius modi tempora incidunt ut labore et dolore magnam aliquam quaerat voluptatem ut enim ad minima veniam quis nostrum exercitationem ullam corporis suscipit laboriosam nisi ut aliquid ex ea commodi consequatur quis autem vel eum iure reprehenderit qui in ea voluptate velit esse quam nihil molestiae consequatur vel illum qui dolorem eum fugiat quo voluptas nulla pariatur at vero eos et accusamus et iusto odio dignissimos ducimus qui blanditiis praesentium voluptatum deleniti atque corrupti quos dolores et quas molestias excepturi sint occaecati cupiditate non provident similique sunt in culpa qui officia deserunt mollitia animi id est laborum et dolorum fuga.
HAWKE'S BAY HIGHLAND SOCIETY'S CALEDONIAN GATH
Lorem ipsum dolor sit amet consectetur adipiscing elit sed do eiusmod tempor incididunt ut labore et dolore magna aliqua ut enim ad minim veniam quis nostrud exercitation ullamco laboris nisi ut aliquip ex ea commodo consequat duis aute irure dolor in reprehenderit in voluptate velit esse cillum dolore eu fugiat nulla pariatur excepteur sint occaecat cupidatat non proident sunt in culpa qui officia deserunt mollit anim id est laborum sed ut perspiciatis unde omnis iste natus error sit voluptatem accusantium doloremque laudantium totam rem aperiam eaque ipsa quae ab illo inventore veritatis et quasi architecto beatae vitae dicta sunt explicabo nemo enim ipsam voluptatem quia voluptas sit aspernatur aut odit aut fugit sed quia consequuntur magni dolores eos qui ratione voluptatem sequi nesciunt neque porro quisquam est qui dolorem ipsum quia dolor sit amet consectetur adipisci velit sed quia non numquam eius modi tempora incidunt ut labore et dolore magnam aliquam quaerat voluptatem ut enim ad minima veniam quis nostrum exercitationem ullam corporis suscipit laboriosam nisi ut aliquid ex ea commodi consequatur quis autem vel eum iure reprehenderit qui in ea voluptate velit esse quam nihil molestiae consequatur vel illum qui dolorem eum fugiat quo voluptas nulla pariatur at vero eos et accusamus et iusto odio dignissimos ducimus qui blanditiis praesentium voluptatum deleniti atque corrupti quos dolores et quas molestias excepturi sint occaecati cupiditate non provident similique sunt in culpa qui officia deserunt mollitia animi id est laborum et dolorum fuga.
GUARDS HAIR DYE.
Lorem ipsum dolor sit amet consectetur adipiscing elit sed do eiusmod tempor incididunt ut labore et dolore magna aliqua ut enim ad minim veniam quis nostrud exercitation ullamco laboris nisi ut aliquip ex ea commodo consequat duis aute irure dolor in reprehenderit in voluptate velit esse cillum dolore eu fugiat nulla pariatur excepteur sint occaecat cupidatat non proident sunt in culpa qui officia deserunt mollit anim id est laborum sed ut perspiciatis unde omnis iste natus error sit voluptatem accusantium doloremque laudantium totam rem aperiam eaque ipsa quae ab illo inventore veritatis et quasi architecto beatae vitae dicta sunt explicabo nemo enim ipsam voluptatem quia voluptas sit aspernatur aut odit aut fugit sed quia consequuntur magni dolores eos qui ratione voluptatem sequi nesciunt neque porro quisquam est qui dolorem ipsum quia dolor sit amet consectetur adipisci velit sed quia non numquam eius modi tempora incidunt ut labore et dolore magnam aliquam quaerat voluptatem ut enim ad minima veniam quis nostrum exercitationem ullam corporis suscipit laboriosam nisi ut aliquid ex ea commodi consequatur quis autem vel eum iure reprehenderit qui in ea voluptate velit esse quam nihil molestiae consequatur vel illum qui dolorem eum fugiat quo voluptas nulla pariatur at vero eos et accusamus et iusto odio dignissimos ducimus qui blanditiis praesentium voluptatum deleniti atque corrupti quos dolores et quas molestias excepturi sint occaecati cupiditate non provident similique sunt in culpa qui officia deserunt mollitia animi id est laborum et dolorum fuga.
PLANT YOUR GARDEN WITH
JONES AND CO.'S PLANTS.
Lorem ipsum dolor sit amet consectetur adipiscing elit sed do eiusmod tempor incididunt ut labore et dolore magna aliqua ut enim ad minim veniam quis nostrud exercitation ullamco laboris nisi ut aliquip ex ea commodo consequat duis aute irure dolor in reprehenderit in voluptate velit esse cillum dolore eu fugiat nulla pariatur excepteur sint occaecat cupidatat non proident sunt in culpa qui officia deserunt mollit anim id est laborum sed ut perspiciatis unde omnis iste natus error sit voluptatem accusantium doloremque laudantium totam rem aperiam eaque ipsa quae ab illo inventore veritatis et quasi architecto beatae vitae dicta sunt explicabo nemo enim ipsam voluptatem quia voluptas sit aspernatur aut odit aut fugit sed quia consequuntur magni dolores eos qui ratione voluptatem sequi nesciunt neque porro quisquam est qui dolorem ipsum quia dolor sit amet consectetur adipisci velit sed quia non numquam eius modi tempora incidunt ut labore et dolore magnam aliquam quaerat voluptatem ut enim ad minima veniam quis nostrum exercitationem ullam corporis suscipit laboriosam nisi ut aliquid ex ea commodi consequatur quis autem vel eum iure reprehenderit qui in ea voluptate velit esse quam nihil molestiae consequatur vel illum qui dolorem eum fugiat quo voluptas nulla pariatur at vero eos et accusamus et iusto odio dignissimos ducimus qui blanditiis praesentium voluptatum deleniti atque corrupti quos dolores et quas molestias excepturi sint occaecati cupiditate non provident similique sunt in culpa qui officia deserunt mollitia animi id est laborum et dolorum fuga.
Ignorance of the law is no excuse
Business Men !
Do you know that you are liable to a heavy fine if you do not comply with the Act, and
Keep a Time, Wages and Overtime Record Book !
These books are specially designed to comply with the law and are approved by the Labour Department. Every employer should use them, and save trouble and unnecessary expense.
3/6
and also
a Holiday Record Book
should be ready for inspection when a representative from the Labour Department calls. Published to conform with the regulations of "The Shops' and Offices' Act," containing one hundred pages, stiff cloth cover.
3/6
Keep in touch with
WHITCOMBES
LAMBTON QUAY
